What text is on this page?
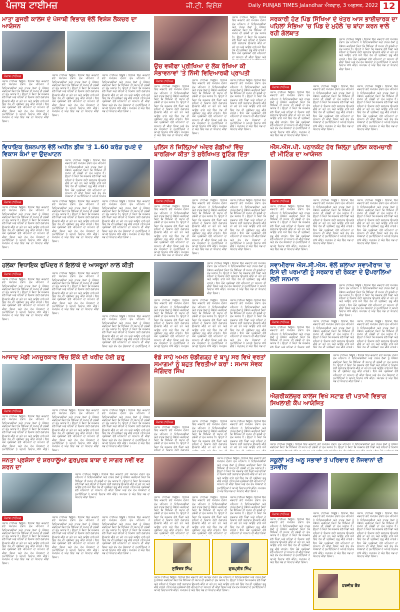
ਪੰਜਾਬ ਟਾਈਮਜ਼	ਜੀ.ਟੀ. ਵਿਸ਼ੇਸ਼	Daily PUNJAB TIMES Jalandhar ਐਤਵਾਰ, 3 ਅਗਸਤ, 2022 12
ਮਾਤਾ ਗੁਜਰੀ ਕਾਲਜ ਦੇ ਪੰਜਾਬੀ ਵਿਭਾਗ ਵੱਲੋਂ ਵਿਸ਼ੇਸ਼ ਲੈਕਚਰ ਦਾ ਆਯੋਜਨ
ਪੰਜਾਬ ਟਾਈਮਜ਼
ਪੰਜਾਬ ਟਾਈਮਜ਼ ਬਿਊਰੋ। ਇਲਾਕੇ ਵਿੱਚ ਕਰਵਾਏ ਗਏ ਸਮਾਗਮ ਦੌਰਾਨ ਮੁੱਖ ਮਹਿਮਾਨ ਨੇ ਵਿਦਿਆਰਥੀਆਂ ਅਤੇ ਹਾਜ਼ਰ ਲੋਕਾਂ ਨੂੰ ਸੰਬੋਧਨ ਕਰਦਿਆਂ ਕਿਹਾ ਕਿ ਸਿੱਖਿਆ ਹੀ ਸਮਾਜ ਦੀ ਤਰੱਕੀ ਦਾ ਮੁੱਖ ਅਧਾਰ ਹੈ। ਉਨ੍ਹਾਂ ਨੇ ਕਿਹਾ ਕਿ ਸਰਕਾਰ ਵੱਲੋਂ ਪਿੰਡਾਂ ਅਤੇ ਸ਼ਹਿਰਾਂ ਦੇ ਵਿਕਾਸ ਲਈ ਲਗਾਤਾਰ ਉਪਰਾਲੇ ਕੀਤੇ ਜਾ ਰਹੇ ਹਨ ਅਤੇ ਆਉਣ ਵਾਲੇ ਸਮੇਂ ਵਿੱਚ ਹੋਰ ਵੀ ਪ੍ਰੋਜੈਕਟ ਸ਼ੁਰੂ ਕੀਤੇ ਜਾਣਗੇ। ਇਸ ਮੌਕੇ ਪ੍ਰਬੰਧਕਾਂ ਵੱਲੋਂ ਮਹਿਮਾਨਾਂ ਦਾ ਸਨਮਾਨ ਵੀ ਕੀਤਾ ਗਿਆ ਅਤੇ ਵੱਖ ਵੱਖ ਸੰਸਥਾਵਾਂ ਦੇ ਨੁਮਾਇੰਦਿਆਂ ਨੇ ਆਪਣੇ ਵਿਚਾਰ ਸਾਂਝੇ ਕੀਤੇ। ਸਮਾਗਮ ਦੇ ਅੰਤ ਵਿੱਚ ਸਭ ਦਾ ਧੰਨਵਾਦ ਕੀਤਾ ਗਿਆ।
ਪੰਜਾਬ ਟਾਈਮਜ਼ ਬਿਊਰੋ। ਇਲਾਕੇ ਵਿੱਚ ਕਰਵਾਏ ਗਏ ਸਮਾਗਮ ਦੌਰਾਨ ਮੁੱਖ ਮਹਿਮਾਨ ਨੇ ਵਿਦਿਆਰਥੀਆਂ ਅਤੇ ਹਾਜ਼ਰ ਲੋਕਾਂ ਨੂੰ ਸੰਬੋਧਨ ਕਰਦਿਆਂ ਕਿਹਾ ਕਿ ਸਿੱਖਿਆ ਹੀ ਸਮਾਜ ਦੀ ਤਰੱਕੀ ਦਾ ਮੁੱਖ ਅਧਾਰ ਹੈ। ਉਨ੍ਹਾਂ ਨੇ ਕਿਹਾ ਕਿ ਸਰਕਾਰ ਵੱਲੋਂ ਪਿੰਡਾਂ ਅਤੇ ਸ਼ਹਿਰਾਂ ਦੇ ਵਿਕਾਸ ਲਈ ਲਗਾਤਾਰ ਉਪਰਾਲੇ ਕੀਤੇ ਜਾ ਰਹੇ ਹਨ ਅਤੇ ਆਉਣ ਵਾਲੇ ਸਮੇਂ ਵਿੱਚ ਹੋਰ ਵੀ ਪ੍ਰੋਜੈਕਟ ਸ਼ੁਰੂ ਕੀਤੇ ਜਾਣਗੇ। ਇਸ ਮੌਕੇ ਪ੍ਰਬੰਧਕਾਂ ਵੱਲੋਂ ਮਹਿਮਾਨਾਂ ਦਾ ਸਨਮਾਨ ਵੀ ਕੀਤਾ ਗਿਆ ਅਤੇ ਵੱਖ ਵੱਖ ਸੰਸਥਾਵਾਂ ਦੇ ਨੁਮਾਇੰਦਿਆਂ ਨੇ ਆਪਣੇ ਵਿਚਾਰ ਸਾਂਝੇ ਕੀਤੇ। ਸਮਾਗਮ ਦੇ ਅੰਤ ਵਿੱਚ ਸਭ ਦਾ ਧੰਨਵਾਦ ਕੀਤਾ ਗਿਆ।
ਪੰਜਾਬ ਟਾਈਮਜ਼ ਬਿਊਰੋ। ਇਲਾਕੇ ਵਿੱਚ ਕਰਵਾਏ ਗਏ ਸਮਾਗਮ ਦੌਰਾਨ ਮੁੱਖ ਮਹਿਮਾਨ ਨੇ ਵਿਦਿਆਰਥੀਆਂ ਅਤੇ ਹਾਜ਼ਰ ਲੋਕਾਂ ਨੂੰ ਸੰਬੋਧਨ ਕਰਦਿਆਂ ਕਿਹਾ ਕਿ ਸਿੱਖਿਆ ਹੀ ਸਮਾਜ ਦੀ ਤਰੱਕੀ ਦਾ ਮੁੱਖ ਅਧਾਰ ਹੈ। ਉਨ੍ਹਾਂ ਨੇ ਕਿਹਾ ਕਿ ਸਰਕਾਰ ਵੱਲੋਂ ਪਿੰਡਾਂ ਅਤੇ ਸ਼ਹਿਰਾਂ ਦੇ ਵਿਕਾਸ ਲਈ ਲਗਾਤਾਰ ਉਪਰਾਲੇ ਕੀਤੇ ਜਾ ਰਹੇ ਹਨ ਅਤੇ ਆਉਣ ਵਾਲੇ ਸਮੇਂ ਵਿੱਚ ਹੋਰ ਵੀ ਪ੍ਰੋਜੈਕਟ ਸ਼ੁਰੂ ਕੀਤੇ ਜਾਣਗੇ। ਇਸ ਮੌਕੇ ਪ੍ਰਬੰਧਕਾਂ ਵੱਲੋਂ ਮਹਿਮਾਨਾਂ ਦਾ ਸਨਮਾਨ ਵੀ ਕੀਤਾ ਗਿਆ ਅਤੇ ਵੱਖ ਵੱਖ ਸੰਸਥਾਵਾਂ ਦੇ ਨੁਮਾਇੰਦਿਆਂ ਨੇ ਆਪਣੇ ਵਿਚਾਰ ਸਾਂਝੇ ਕੀਤੇ। ਸਮਾਗਮ ਦੇ ਅੰਤ ਵਿੱਚ ਸਭ ਦਾ ਧੰਨਵਾਦ ਕੀਤਾ ਗਿਆ।
ਪੰਜਾਬ ਟਾਈਮਜ਼ ਬਿਊਰੋ। ਇਲਾਕੇ ਵਿੱਚ ਕਰਵਾਏ ਗਏ ਸਮਾਗਮ ਦੌਰਾਨ ਮੁੱਖ ਮਹਿਮਾਨ ਨੇ ਵਿਦਿਆਰਥੀਆਂ ਅਤੇ ਹਾਜ਼ਰ ਲੋਕਾਂ ਨੂੰ ਸੰਬੋਧਨ ਕਰਦਿਆਂ ਕਿਹਾ ਕਿ ਸਿੱਖਿਆ ਹੀ ਸਮਾਜ ਦੀ ਤਰੱਕੀ ਦਾ ਮੁੱਖ ਅਧਾਰ ਹੈ। ਉਨ੍ਹਾਂ ਨੇ ਕਿਹਾ ਕਿ ਸਰਕਾਰ ਵੱਲੋਂ ਪਿੰਡਾਂ ਅਤੇ ਸ਼ਹਿਰਾਂ ਦੇ ਵਿਕਾਸ ਲਈ ਲਗਾਤਾਰ ਉਪਰਾਲੇ ਕੀਤੇ ਜਾ ਰਹੇ ਹਨ ਅਤੇ ਆਉਣ ਵਾਲੇ ਸਮੇਂ ਵਿੱਚ ਹੋਰ ਵੀ ਪ੍ਰੋਜੈਕਟ ਸ਼ੁਰੂ ਕੀਤੇ ਜਾਣਗੇ। ਇਸ ਮੌਕੇ ਪ੍ਰਬੰਧਕਾਂ ਵੱਲੋਂ ਮਹਿਮਾਨਾਂ ਦਾ ਸਨਮਾਨ ਵੀ ਕੀਤਾ ਗਿਆ ਅਤੇ
ਉਚ ਵਜ਼ੀਫਾ ਪ੍ਰੀਖਿਆ ਦੇ ਲੋਕ ਰੱਖਿਆ ਕੀ ਸੰਭਾਵਨਾਵਾਂ 'ਤੇ ਨਿੱਜੀ ਵਿਦਿਆਰਥੀ ਪ੍ਰਾਪਤੀ
ਪੰਜਾਬ ਟਾਈਮਜ਼
ਪੰਜਾਬ ਟਾਈਮਜ਼ ਬਿਊਰੋ। ਇਲਾਕੇ ਵਿੱਚ ਕਰਵਾਏ ਗਏ ਸਮਾਗਮ ਦੌਰਾਨ ਮੁੱਖ ਮਹਿਮਾਨ ਨੇ ਵਿਦਿਆਰਥੀਆਂ ਅਤੇ ਹਾਜ਼ਰ ਲੋਕਾਂ ਨੂੰ ਸੰਬੋਧਨ ਕਰਦਿਆਂ ਕਿਹਾ ਕਿ ਸਿੱਖਿਆ ਹੀ ਸਮਾਜ ਦੀ ਤਰੱਕੀ ਦਾ ਮੁੱਖ ਅਧਾਰ ਹੈ। ਉਨ੍ਹਾਂ ਨੇ ਕਿਹਾ ਕਿ ਸਰਕਾਰ ਵੱਲੋਂ ਪਿੰਡਾਂ ਅਤੇ ਸ਼ਹਿਰਾਂ ਦੇ ਵਿਕਾਸ ਲਈ ਲਗਾਤਾਰ ਉਪਰਾਲੇ ਕੀਤੇ ਜਾ ਰਹੇ ਹਨ ਅਤੇ ਆਉਣ ਵਾਲੇ ਸਮੇਂ ਵਿੱਚ ਹੋਰ ਵੀ ਪ੍ਰੋਜੈਕਟ ਸ਼ੁਰੂ ਕੀਤੇ ਜਾਣਗੇ। ਇਸ ਮੌਕੇ ਪ੍ਰਬੰਧਕਾਂ ਵੱਲੋਂ ਮਹਿਮਾਨਾਂ ਦਾ ਸਨਮਾਨ ਵੀ ਕੀਤਾ ਗਿਆ ਅਤੇ ਵੱਖ ਵੱਖ ਸੰਸਥਾਵਾਂ ਦੇ ਨੁਮਾਇੰਦਿਆਂ ਨੇ ਆਪਣੇ ਵਿਚਾਰ ਸਾਂਝੇ ਕੀਤੇ। ਸਮਾਗਮ ਦੇ ਅੰਤ ਵਿੱਚ ਸਭ ਦਾ ਧੰਨਵਾਦ ਕੀਤਾ
ਪੰਜਾਬ ਟਾਈਮਜ਼ ਬਿਊਰੋ। ਇਲਾਕੇ ਵਿੱਚ ਕਰਵਾਏ ਗਏ ਸਮਾਗਮ ਦੌਰਾਨ ਮੁੱਖ ਮਹਿਮਾਨ ਨੇ ਵਿਦਿਆਰਥੀਆਂ ਅਤੇ ਹਾਜ਼ਰ ਲੋਕਾਂ ਨੂੰ ਸੰਬੋਧਨ ਕਰਦਿਆਂ ਕਿਹਾ ਕਿ ਸਿੱਖਿਆ ਹੀ ਸਮਾਜ ਦੀ ਤਰੱਕੀ ਦਾ ਮੁੱਖ ਅਧਾਰ ਹੈ। ਉਨ੍ਹਾਂ ਨੇ ਕਿਹਾ ਕਿ ਸਰਕਾਰ ਵੱਲੋਂ ਪਿੰਡਾਂ ਅਤੇ ਸ਼ਹਿਰਾਂ ਦੇ ਵਿਕਾਸ ਲਈ ਲਗਾਤਾਰ ਉਪਰਾਲੇ ਕੀਤੇ ਜਾ ਰਹੇ ਹਨ ਅਤੇ ਆਉਣ ਵਾਲੇ ਸਮੇਂ ਵਿੱਚ ਹੋਰ ਵੀ ਪ੍ਰੋਜੈਕਟ ਸ਼ੁਰੂ ਕੀਤੇ ਜਾਣਗੇ। ਇਸ ਮੌਕੇ ਪ੍ਰਬੰਧਕਾਂ ਵੱਲੋਂ ਮਹਿਮਾਨਾਂ ਦਾ ਸਨਮਾਨ ਵੀ ਕੀਤਾ ਗਿਆ ਅਤੇ ਵੱਖ ਵੱਖ ਸੰਸਥਾਵਾਂ ਦੇ ਨੁਮਾਇੰਦਿਆਂ ਨੇ ਆਪਣੇ ਵਿਚਾਰ ਸਾਂਝੇ ਕੀਤੇ। ਸਮਾਗਮ ਦੇ ਅੰਤ ਵਿੱਚ ਸਭ ਦਾ ਧੰਨਵਾਦ ਕੀਤਾ ਗਿਆ।
ਪੰਜਾਬ ਟਾਈਮਜ਼ ਬਿਊਰੋ। ਇਲਾਕੇ ਵਿੱਚ ਕਰਵਾਏ ਗਏ ਸਮਾਗਮ ਦੌਰਾਨ ਮੁੱਖ ਮਹਿਮਾਨ ਨੇ ਵਿਦਿਆਰਥੀਆਂ ਅਤੇ ਹਾਜ਼ਰ ਲੋਕਾਂ ਨੂੰ ਸੰਬੋਧਨ ਕਰਦਿਆਂ ਕਿਹਾ ਕਿ ਸਿੱਖਿਆ ਹੀ ਸਮਾਜ ਦੀ ਤਰੱਕੀ ਦਾ ਮੁੱਖ ਅਧਾਰ ਹੈ। ਉਨ੍ਹਾਂ ਨੇ ਕਿਹਾ ਕਿ ਸਰਕਾਰ ਵੱਲੋਂ ਪਿੰਡਾਂ ਅਤੇ ਸ਼ਹਿਰਾਂ ਦੇ ਵਿਕਾਸ ਲਈ ਲਗਾਤਾਰ ਉਪਰਾਲੇ ਕੀਤੇ ਜਾ ਰਹੇ ਹਨ ਅਤੇ ਆਉਣ ਵਾਲੇ ਸਮੇਂ ਵਿੱਚ ਹੋਰ ਵੀ ਪ੍ਰੋਜੈਕਟ ਸ਼ੁਰੂ ਕੀਤੇ ਜਾਣਗੇ। ਇਸ ਮੌਕੇ ਪ੍ਰਬੰਧਕਾਂ ਵੱਲੋਂ ਮਹਿਮਾਨਾਂ ਦਾ ਸਨਮਾਨ ਵੀ ਕੀਤਾ ਗਿਆ ਅਤੇ ਵੱਖ ਵੱਖ ਸੰਸਥਾਵਾਂ ਦੇ ਨੁਮਾਇੰਦਿਆਂ ਨੇ ਆਪਣੇ ਵਿਚਾਰ ਸਾਂਝੇ ਕੀਤੇ। ਸਮਾਗਮ ਦੇ ਅੰਤ ਵਿੱਚ ਸਭ ਦਾ ਧੰਨਵਾਦ ਕੀਤਾ ਗਿਆ।
ਸਰਕਾਰੀ ਹੋਣ ਪਿੰਡ ਸਿੱਖਿਆ ਦੇ ਖੇਤਰ ਆਸ ਭਾਈਚਾਰਕ ਦਾ ਪਹਿਲਾਂ ਸੰਭਿਆ 'ਚ ਪਿੰਡ ਦੇ ਮੁਹੱਲੇ 'ਚ ਬਾਂਹਾ ਕਰਨ ਵਾਲੇ ਰਹੀ ਗੱਲਬਾਤ
ਪੰਜਾਬ ਟਾਈਮਜ਼ ਬਿਊਰੋ। ਇਲਾਕੇ ਵਿੱਚ ਕਰਵਾਏ ਗਏ ਸਮਾਗਮ ਦੌਰਾਨ ਮੁੱਖ ਮਹਿਮਾਨ ਨੇ ਵਿਦਿਆਰਥੀਆਂ ਅਤੇ ਹਾਜ਼ਰ ਲੋਕਾਂ ਨੂੰ ਸੰਬੋਧਨ ਕਰਦਿਆਂ ਕਿਹਾ ਕਿ ਸਿੱਖਿਆ ਹੀ ਸਮਾਜ ਦੀ ਤਰੱਕੀ ਦਾ ਮੁੱਖ ਅਧਾਰ ਹੈ। ਉਨ੍ਹਾਂ ਨੇ ਕਿਹਾ ਕਿ ਸਰਕਾਰ ਵੱਲੋਂ ਪਿੰਡਾਂ ਅਤੇ ਸ਼ਹਿਰਾਂ ਦੇ ਵਿਕਾਸ ਲਈ ਲਗਾਤਾਰ ਉਪਰਾਲੇ ਕੀਤੇ ਜਾ ਰਹੇ ਹਨ ਅਤੇ ਆਉਣ ਵਾਲੇ ਸਮੇਂ ਵਿੱਚ ਹੋਰ ਵੀ ਪ੍ਰੋਜੈਕਟ ਸ਼ੁਰੂ ਕੀਤੇ ਜਾਣਗੇ। ਇਸ ਮੌਕੇ ਪ੍ਰਬੰਧਕਾਂ ਵੱਲੋਂ ਮਹਿਮਾਨਾਂ ਦਾ ਸਨਮਾਨ ਵੀ ਕੀਤਾ ਗਿਆ ਅਤੇ ਵੱਖ ਵੱਖ ਸੰਸਥਾਵਾਂ ਦੇ ਨੁਮਾਇੰਦਿਆਂ ਨੇ ਆਪਣੇ ਵਿਚਾਰ ਸਾਂਝੇ ਕੀਤੇ। ਸਮਾਗਮ ਦੇ ਅੰਤ ਵਿੱਚ ਸਭ ਦਾ ਧੰਨਵਾਦ ਕੀਤਾ ਗਿਆ।
ਪੰਜਾਬ ਟਾਈਮਜ਼
ਪੰਜਾਬ ਟਾਈਮਜ਼ ਬਿਊਰੋ। ਇਲਾਕੇ ਵਿੱਚ ਕਰਵਾਏ ਗਏ ਸਮਾਗਮ ਦੌਰਾਨ ਮੁੱਖ ਮਹਿਮਾਨ ਨੇ ਵਿਦਿਆਰਥੀਆਂ ਅਤੇ ਹਾਜ਼ਰ ਲੋਕਾਂ ਨੂੰ ਸੰਬੋਧਨ ਕਰਦਿਆਂ ਕਿਹਾ ਕਿ ਸਿੱਖਿਆ ਹੀ ਸਮਾਜ ਦੀ ਤਰੱਕੀ ਦਾ ਮੁੱਖ ਅਧਾਰ ਹੈ। ਉਨ੍ਹਾਂ ਨੇ ਕਿਹਾ ਕਿ ਸਰਕਾਰ ਵੱਲੋਂ ਪਿੰਡਾਂ ਅਤੇ ਸ਼ਹਿਰਾਂ ਦੇ ਵਿਕਾਸ ਲਈ ਲਗਾਤਾਰ ਉਪਰਾਲੇ ਕੀਤੇ ਜਾ ਰਹੇ ਹਨ ਅਤੇ ਆਉਣ ਵਾਲੇ ਸਮੇਂ ਵਿੱਚ ਹੋਰ ਵੀ ਪ੍ਰੋਜੈਕਟ ਸ਼ੁਰੂ ਕੀਤੇ ਜਾਣਗੇ। ਇਸ ਮੌਕੇ ਪ੍ਰਬੰਧਕਾਂ ਵੱਲੋਂ ਮਹਿਮਾਨਾਂ ਦਾ ਸਨਮਾਨ ਵੀ ਕੀਤਾ ਗਿਆ ਅਤੇ ਵੱਖ ਵੱਖ ਸੰਸਥਾਵਾਂ ਦੇ ਨੁਮਾਇੰਦਿਆਂ ਨੇ ਆਪਣੇ ਵਿਚਾਰ ਸਾਂਝੇ ਕੀਤੇ। ਸਮਾਗਮ ਦੇ ਅੰਤ ਵਿੱਚ ਸਭ ਦਾ ਧੰਨਵਾਦ ਕੀਤਾ ਗਿਆ।
ਪੰਜਾਬ ਟਾਈਮਜ਼ ਬਿਊਰੋ। ਇਲਾਕੇ ਵਿੱਚ ਕਰਵਾਏ ਗਏ ਸਮਾਗਮ ਦੌਰਾਨ ਮੁੱਖ ਮਹਿਮਾਨ ਨੇ ਵਿਦਿਆਰਥੀਆਂ ਅਤੇ ਹਾਜ਼ਰ ਲੋਕਾਂ ਨੂੰ ਸੰਬੋਧਨ ਕਰਦਿਆਂ ਕਿਹਾ ਕਿ ਸਿੱਖਿਆ ਹੀ ਸਮਾਜ ਦੀ ਤਰੱਕੀ ਦਾ ਮੁੱਖ ਅਧਾਰ ਹੈ। ਉਨ੍ਹਾਂ ਨੇ ਕਿਹਾ ਕਿ ਸਰਕਾਰ ਵੱਲੋਂ ਪਿੰਡਾਂ ਅਤੇ ਸ਼ਹਿਰਾਂ ਦੇ ਵਿਕਾਸ ਲਈ ਲਗਾਤਾਰ ਉਪਰਾਲੇ ਕੀਤੇ ਜਾ ਰਹੇ ਹਨ ਅਤੇ ਆਉਣ ਵਾਲੇ ਸਮੇਂ ਵਿੱਚ ਹੋਰ ਵੀ ਪ੍ਰੋਜੈਕਟ ਸ਼ੁਰੂ ਕੀਤੇ ਜਾਣਗੇ। ਇਸ ਮੌਕੇ ਪ੍ਰਬੰਧਕਾਂ ਵੱਲੋਂ ਮਹਿਮਾਨਾਂ ਦਾ ਸਨਮਾਨ ਵੀ ਕੀਤਾ ਗਿਆ ਅਤੇ ਵੱਖ ਵੱਖ ਸੰਸਥਾਵਾਂ ਦੇ ਨੁਮਾਇੰਦਿਆਂ ਨੇ ਆਪਣੇ ਵਿਚਾਰ ਸਾਂਝੇ ਕੀਤੇ। ਸਮਾਗਮ ਦੇ ਅੰਤ ਵਿੱਚ ਸਭ ਦਾ ਧੰਨਵਾਦ ਕੀਤਾ ਗਿਆ।
ਪੰਜਾਬ ਟਾਈਮਜ਼ ਬਿਊਰੋ। ਇਲਾਕੇ ਵਿੱਚ ਕਰਵਾਏ ਗਏ ਸਮਾਗਮ ਦੌਰਾਨ ਮੁੱਖ ਮਹਿਮਾਨ ਨੇ ਵਿਦਿਆਰਥੀਆਂ ਅਤੇ ਹਾਜ਼ਰ ਲੋਕਾਂ ਨੂੰ ਸੰਬੋਧਨ ਕਰਦਿਆਂ ਕਿਹਾ ਕਿ ਸਿੱਖਿਆ ਹੀ ਸਮਾਜ ਦੀ ਤਰੱਕੀ ਦਾ ਮੁੱਖ ਅਧਾਰ ਹੈ। ਉਨ੍ਹਾਂ ਨੇ ਕਿਹਾ ਕਿ ਸਰਕਾਰ ਵੱਲੋਂ ਪਿੰਡਾਂ ਅਤੇ ਸ਼ਹਿਰਾਂ ਦੇ ਵਿਕਾਸ ਲਈ ਲਗਾਤਾਰ ਉਪਰਾਲੇ ਕੀਤੇ ਜਾ ਰਹੇ ਹਨ ਅਤੇ ਆਉਣ ਵਾਲੇ ਸਮੇਂ ਵਿੱਚ ਹੋਰ ਵੀ ਪ੍ਰੋਜੈਕਟ ਸ਼ੁਰੂ ਕੀਤੇ ਜਾਣਗੇ। ਇਸ ਮੌਕੇ ਪ੍ਰਬੰਧਕਾਂ ਵੱਲੋਂ ਮਹਿਮਾਨਾਂ ਦਾ ਸਨਮਾਨ ਵੀ ਕੀਤਾ ਗਿਆ ਅਤੇ ਵੱਖ ਵੱਖ ਸੰਸਥਾਵਾਂ ਦੇ ਨੁਮਾਇੰਦਿਆਂ ਨੇ ਆਪਣੇ ਵਿਚਾਰ ਸਾਂਝੇ ਕੀਤੇ। ਸਮਾਗਮ ਦੇ ਅੰਤ ਵਿੱਚ ਸਭ ਦਾ ਧੰਨਵਾਦ ਕੀਤਾ ਗਿਆ।
ਵਿਧਾਇਕ ਰੋਸ਼ਨਪਾਲ ਵੱਲੋਂ ਅਧੀਨ ਡੀਜ਼ 'ਤੇ 1.60 ਕਰੋੜ ਰੁਪਏ ਦੇ ਵਿਕਾਸ ਕੰਮਾਂ ਦਾ ਉਦਘਾਟਨ
ਪੰਜਾਬ ਟਾਈਮਜ਼ ਬਿਊਰੋ। ਇਲਾਕੇ ਵਿੱਚ ਕਰਵਾਏ ਗਏ ਸਮਾਗਮ ਦੌਰਾਨ ਮੁੱਖ ਮਹਿਮਾਨ ਨੇ ਵਿਦਿਆਰਥੀਆਂ ਅਤੇ ਹਾਜ਼ਰ ਲੋਕਾਂ ਨੂੰ ਸੰਬੋਧਨ ਕਰਦਿਆਂ ਕਿਹਾ ਕਿ ਸਿੱਖਿਆ ਹੀ ਸਮਾਜ ਦੀ ਤਰੱਕੀ ਦਾ ਮੁੱਖ ਅਧਾਰ ਹੈ। ਉਨ੍ਹਾਂ ਨੇ ਕਿਹਾ ਕਿ ਸਰਕਾਰ ਵੱਲੋਂ ਪਿੰਡਾਂ ਅਤੇ ਸ਼ਹਿਰਾਂ ਦੇ ਵਿਕਾਸ ਲਈ ਲਗਾਤਾਰ ਉਪਰਾਲੇ ਕੀਤੇ ਜਾ ਰਹੇ ਹਨ ਅਤੇ ਆਉਣ ਵਾਲੇ ਸਮੇਂ ਵਿੱਚ ਹੋਰ ਵੀ ਪ੍ਰੋਜੈਕਟ ਸ਼ੁਰੂ ਕੀਤੇ ਜਾਣਗੇ। ਇਸ ਮੌਕੇ ਪ੍ਰਬੰਧਕਾਂ ਵੱਲੋਂ ਮਹਿਮਾਨਾਂ ਦਾ ਸਨਮਾਨ ਵੀ ਕੀਤਾ ਗਿਆ ਅਤੇ ਵੱਖ ਵੱਖ ਸੰਸਥਾਵਾਂ ਦੇ ਨੁਮਾਇੰਦਿਆਂ ਨੇ ਆਪਣੇ ਵਿਚਾਰ
ਪੰਜਾਬ ਟਾਈਮਜ਼
ਪੰਜਾਬ ਟਾਈਮਜ਼ ਬਿਊਰੋ। ਇਲਾਕੇ ਵਿੱਚ ਕਰਵਾਏ ਗਏ ਸਮਾਗਮ ਦੌਰਾਨ ਮੁੱਖ ਮਹਿਮਾਨ ਨੇ ਵਿਦਿਆਰਥੀਆਂ ਅਤੇ ਹਾਜ਼ਰ ਲੋਕਾਂ ਨੂੰ ਸੰਬੋਧਨ ਕਰਦਿਆਂ ਕਿਹਾ ਕਿ ਸਿੱਖਿਆ ਹੀ ਸਮਾਜ ਦੀ ਤਰੱਕੀ ਦਾ ਮੁੱਖ ਅਧਾਰ ਹੈ। ਉਨ੍ਹਾਂ ਨੇ ਕਿਹਾ ਕਿ ਸਰਕਾਰ ਵੱਲੋਂ ਪਿੰਡਾਂ ਅਤੇ ਸ਼ਹਿਰਾਂ ਦੇ ਵਿਕਾਸ ਲਈ ਲਗਾਤਾਰ ਉਪਰਾਲੇ ਕੀਤੇ ਜਾ ਰਹੇ ਹਨ ਅਤੇ ਆਉਣ ਵਾਲੇ ਸਮੇਂ ਵਿੱਚ ਹੋਰ ਵੀ ਪ੍ਰੋਜੈਕਟ ਸ਼ੁਰੂ ਕੀਤੇ ਜਾਣਗੇ। ਇਸ ਮੌਕੇ ਪ੍ਰਬੰਧਕਾਂ ਵੱਲੋਂ ਮਹਿਮਾਨਾਂ ਦਾ ਸਨਮਾਨ ਵੀ ਕੀਤਾ ਗਿਆ ਅਤੇ ਵੱਖ ਵੱਖ ਸੰਸਥਾਵਾਂ ਦੇ ਨੁਮਾਇੰਦਿਆਂ ਨੇ ਆਪਣੇ ਵਿਚਾਰ ਸਾਂਝੇ ਕੀਤੇ। ਸਮਾਗਮ ਦੇ ਅੰਤ ਵਿੱਚ ਸਭ ਦਾ ਧੰਨਵਾਦ ਕੀਤਾ ਗਿਆ।
ਪੰਜਾਬ ਟਾਈਮਜ਼ ਬਿਊਰੋ। ਇਲਾਕੇ ਵਿੱਚ ਕਰਵਾਏ ਗਏ ਸਮਾਗਮ ਦੌਰਾਨ ਮੁੱਖ ਮਹਿਮਾਨ ਨੇ ਵਿਦਿਆਰਥੀਆਂ ਅਤੇ ਹਾਜ਼ਰ ਲੋਕਾਂ ਨੂੰ ਸੰਬੋਧਨ ਕਰਦਿਆਂ ਕਿਹਾ ਕਿ ਸਿੱਖਿਆ ਹੀ ਸਮਾਜ ਦੀ ਤਰੱਕੀ ਦਾ ਮੁੱਖ ਅਧਾਰ ਹੈ। ਉਨ੍ਹਾਂ ਨੇ ਕਿਹਾ ਕਿ ਸਰਕਾਰ ਵੱਲੋਂ ਪਿੰਡਾਂ ਅਤੇ ਸ਼ਹਿਰਾਂ ਦੇ ਵਿਕਾਸ ਲਈ ਲਗਾਤਾਰ ਉਪਰਾਲੇ ਕੀਤੇ ਜਾ ਰਹੇ ਹਨ ਅਤੇ ਆਉਣ ਵਾਲੇ ਸਮੇਂ ਵਿੱਚ ਹੋਰ ਵੀ ਪ੍ਰੋਜੈਕਟ ਸ਼ੁਰੂ ਕੀਤੇ ਜਾਣਗੇ। ਇਸ ਮੌਕੇ ਪ੍ਰਬੰਧਕਾਂ ਵੱਲੋਂ ਮਹਿਮਾਨਾਂ ਦਾ ਸਨਮਾਨ ਵੀ ਕੀਤਾ ਗਿਆ ਅਤੇ ਵੱਖ ਵੱਖ ਸੰਸਥਾਵਾਂ ਦੇ ਨੁਮਾਇੰਦਿਆਂ ਨੇ ਆਪਣੇ ਵਿਚਾਰ ਸਾਂਝੇ ਕੀਤੇ। ਸਮਾਗਮ ਦੇ ਅੰਤ ਵਿੱਚ ਸਭ ਦਾ ਧੰਨਵਾਦ ਕੀਤਾ ਗਿਆ।
ਪੰਜਾਬ ਟਾਈਮਜ਼ ਬਿਊਰੋ। ਇਲਾਕੇ ਵਿੱਚ ਕਰਵਾਏ ਗਏ ਸਮਾਗਮ ਦੌਰਾਨ ਮੁੱਖ ਮਹਿਮਾਨ ਨੇ ਵਿਦਿਆਰਥੀਆਂ ਅਤੇ ਹਾਜ਼ਰ ਲੋਕਾਂ ਨੂੰ ਸੰਬੋਧਨ ਕਰਦਿਆਂ ਕਿਹਾ ਕਿ ਸਿੱਖਿਆ ਹੀ ਸਮਾਜ ਦੀ ਤਰੱਕੀ ਦਾ ਮੁੱਖ ਅਧਾਰ ਹੈ। ਉਨ੍ਹਾਂ ਨੇ ਕਿਹਾ ਕਿ ਸਰਕਾਰ ਵੱਲੋਂ ਪਿੰਡਾਂ ਅਤੇ ਸ਼ਹਿਰਾਂ ਦੇ ਵਿਕਾਸ ਲਈ ਲਗਾਤਾਰ ਉਪਰਾਲੇ ਕੀਤੇ ਜਾ ਰਹੇ ਹਨ ਅਤੇ ਆਉਣ ਵਾਲੇ ਸਮੇਂ ਵਿੱਚ ਹੋਰ ਵੀ ਪ੍ਰੋਜੈਕਟ ਸ਼ੁਰੂ ਕੀਤੇ ਜਾਣਗੇ। ਇਸ ਮੌਕੇ ਪ੍ਰਬੰਧਕਾਂ ਵੱਲੋਂ ਮਹਿਮਾਨਾਂ ਦਾ ਸਨਮਾਨ ਵੀ ਕੀਤਾ ਗਿਆ ਅਤੇ ਵੱਖ ਵੱਖ ਸੰਸਥਾਵਾਂ ਦੇ ਨੁਮਾਇੰਦਿਆਂ ਨੇ ਆਪਣੇ ਵਿਚਾਰ ਸਾਂਝੇ ਕੀਤੇ। ਸਮਾਗਮ ਦੇ ਅੰਤ ਵਿੱਚ ਸਭ ਦਾ ਧੰਨਵਾਦ ਕੀਤਾ ਗਿਆ।
ਪੁਲਿਸ ਨੇ ਜ਼ਿਲ੍ਹਿਆਂ ਅੰਦਰ ਗੱਡੀਆਂ ਵਿੱਚ ਬਾਰਗਿਆ ਕੀਤਾ ਤੇ ਸੁਰੱਖਿਅਤ ਰੂਟਿੰਗ ਦਿੱਤਾ
ਪੰਜਾਬ ਟਾਈਮਜ਼
ਪੰਜਾਬ ਟਾਈਮਜ਼ ਬਿਊਰੋ। ਇਲਾਕੇ ਵਿੱਚ ਕਰਵਾਏ ਗਏ ਸਮਾਗਮ ਦੌਰਾਨ ਮੁੱਖ ਮਹਿਮਾਨ ਨੇ ਵਿਦਿਆਰਥੀਆਂ ਅਤੇ ਹਾਜ਼ਰ ਲੋਕਾਂ ਨੂੰ ਸੰਬੋਧਨ ਕਰਦਿਆਂ ਕਿਹਾ ਕਿ ਸਿੱਖਿਆ ਹੀ ਸਮਾਜ ਦੀ ਤਰੱਕੀ ਦਾ ਮੁੱਖ ਅਧਾਰ ਹੈ। ਉਨ੍ਹਾਂ ਨੇ ਕਿਹਾ ਕਿ ਸਰਕਾਰ ਵੱਲੋਂ ਪਿੰਡਾਂ ਅਤੇ ਸ਼ਹਿਰਾਂ ਦੇ ਵਿਕਾਸ ਲਈ ਲਗਾਤਾਰ ਉਪਰਾਲੇ ਕੀਤੇ ਜਾ ਰਹੇ ਹਨ ਅਤੇ ਆਉਣ ਵਾਲੇ ਸਮੇਂ ਵਿੱਚ ਹੋਰ ਵੀ ਪ੍ਰੋਜੈਕਟ ਸ਼ੁਰੂ ਕੀਤੇ ਜਾਣਗੇ। ਇਸ ਮੌਕੇ ਪ੍ਰਬੰਧਕਾਂ ਵੱਲੋਂ ਮਹਿਮਾਨਾਂ ਦਾ ਸਨਮਾਨ ਵੀ ਕੀਤਾ ਗਿਆ ਅਤੇ ਵੱਖ ਵੱਖ ਸੰਸਥਾਵਾਂ ਦੇ ਨੁਮਾਇੰਦਿਆਂ ਨੇ ਆਪਣੇ ਵਿਚਾਰ ਸਾਂਝੇ ਕੀਤੇ। ਸਮਾਗਮ ਦੇ ਅੰਤ ਵਿੱਚ ਸਭ ਦਾ ਧੰਨਵਾਦ ਕੀਤਾ
ਪੰਜਾਬ ਟਾਈਮਜ਼ ਬਿਊਰੋ। ਇਲਾਕੇ ਵਿੱਚ ਕਰਵਾਏ ਗਏ ਸਮਾਗਮ ਦੌਰਾਨ ਮੁੱਖ ਮਹਿਮਾਨ ਨੇ ਵਿਦਿਆਰਥੀਆਂ ਅਤੇ ਹਾਜ਼ਰ ਲੋਕਾਂ ਨੂੰ ਸੰਬੋਧਨ ਕਰਦਿਆਂ ਕਿਹਾ ਕਿ ਸਿੱਖਿਆ ਹੀ ਸਮਾਜ ਦੀ ਤਰੱਕੀ ਦਾ ਮੁੱਖ ਅਧਾਰ ਹੈ। ਉਨ੍ਹਾਂ ਨੇ ਕਿਹਾ ਕਿ ਸਰਕਾਰ ਵੱਲੋਂ ਪਿੰਡਾਂ ਅਤੇ ਸ਼ਹਿਰਾਂ ਦੇ ਵਿਕਾਸ ਲਈ ਲਗਾਤਾਰ ਉਪਰਾਲੇ ਕੀਤੇ ਜਾ ਰਹੇ ਹਨ ਅਤੇ ਆਉਣ ਵਾਲੇ ਸਮੇਂ ਵਿੱਚ ਹੋਰ ਵੀ ਪ੍ਰੋਜੈਕਟ ਸ਼ੁਰੂ ਕੀਤੇ ਜਾਣਗੇ। ਇਸ ਮੌਕੇ ਪ੍ਰਬੰਧਕਾਂ ਵੱਲੋਂ ਮਹਿਮਾਨਾਂ ਦਾ ਸਨਮਾਨ ਵੀ ਕੀਤਾ ਗਿਆ ਅਤੇ ਵੱਖ ਵੱਖ ਸੰਸਥਾਵਾਂ ਦੇ ਨੁਮਾਇੰਦਿਆਂ ਨੇ ਆਪਣੇ ਵਿਚਾਰ ਸਾਂਝੇ ਕੀਤੇ। ਸਮਾਗਮ ਦੇ ਅੰਤ ਵਿੱਚ ਸਭ ਦਾ ਧੰਨਵਾਦ ਕੀਤਾ ਗਿਆ।
ਪੰਜਾਬ ਟਾਈਮਜ਼ ਬਿਊਰੋ। ਇਲਾਕੇ ਵਿੱਚ ਕਰਵਾਏ ਗਏ ਸਮਾਗਮ ਦੌਰਾਨ ਮੁੱਖ ਮਹਿਮਾਨ ਨੇ ਵਿਦਿਆਰਥੀਆਂ ਅਤੇ ਹਾਜ਼ਰ ਲੋਕਾਂ ਨੂੰ ਸੰਬੋਧਨ ਕਰਦਿਆਂ ਕਿਹਾ ਕਿ ਸਿੱਖਿਆ ਹੀ ਸਮਾਜ ਦੀ ਤਰੱਕੀ ਦਾ ਮੁੱਖ ਅਧਾਰ ਹੈ। ਉਨ੍ਹਾਂ ਨੇ ਕਿਹਾ ਕਿ ਸਰਕਾਰ ਵੱਲੋਂ ਪਿੰਡਾਂ ਅਤੇ ਸ਼ਹਿਰਾਂ ਦੇ ਵਿਕਾਸ ਲਈ ਲਗਾਤਾਰ ਉਪਰਾਲੇ ਕੀਤੇ ਜਾ ਰਹੇ ਹਨ ਅਤੇ ਆਉਣ ਵਾਲੇ ਸਮੇਂ ਵਿੱਚ ਹੋਰ ਵੀ ਪ੍ਰੋਜੈਕਟ ਸ਼ੁਰੂ ਕੀਤੇ ਜਾਣਗੇ। ਇਸ ਮੌਕੇ ਪ੍ਰਬੰਧਕਾਂ ਵੱਲੋਂ ਮਹਿਮਾਨਾਂ ਦਾ ਸਨਮਾਨ ਵੀ ਕੀਤਾ ਗਿਆ ਅਤੇ ਵੱਖ ਵੱਖ ਸੰਸਥਾਵਾਂ ਦੇ ਨੁਮਾਇੰਦਿਆਂ ਨੇ ਆਪਣੇ ਵਿਚਾਰ ਸਾਂਝੇ ਕੀਤੇ। ਸਮਾਗਮ ਦੇ ਅੰਤ ਵਿੱਚ ਸਭ ਦਾ ਧੰਨਵਾਦ ਕੀਤਾ ਗਿਆ।
ਐੱਸ.ਐੱਸ.ਪੀ. ਪਠਾਨਕੋਟ ਹੋਰ ਜ਼ਿਲ੍ਹਾ ਪੁਲਿਸ ਕਰਮਚਾਰੀ ਦੀ ਮੀਟਿੰਗ ਦਾ ਆਯੋਜਨ
ਪੰਜਾਬ ਟਾਈਮਜ਼
ਪੰਜਾਬ ਟਾਈਮਜ਼ ਬਿਊਰੋ। ਇਲਾਕੇ ਵਿੱਚ ਕਰਵਾਏ ਗਏ ਸਮਾਗਮ ਦੌਰਾਨ ਮੁੱਖ ਮਹਿਮਾਨ ਨੇ ਵਿਦਿਆਰਥੀਆਂ ਅਤੇ ਹਾਜ਼ਰ ਲੋਕਾਂ ਨੂੰ ਸੰਬੋਧਨ ਕਰਦਿਆਂ ਕਿਹਾ ਕਿ ਸਿੱਖਿਆ ਹੀ ਸਮਾਜ ਦੀ ਤਰੱਕੀ ਦਾ ਮੁੱਖ ਅਧਾਰ ਹੈ। ਉਨ੍ਹਾਂ ਨੇ ਕਿਹਾ ਕਿ ਸਰਕਾਰ ਵੱਲੋਂ ਪਿੰਡਾਂ ਅਤੇ ਸ਼ਹਿਰਾਂ ਦੇ ਵਿਕਾਸ ਲਈ ਲਗਾਤਾਰ ਉਪਰਾਲੇ ਕੀਤੇ ਜਾ ਰਹੇ ਹਨ ਅਤੇ ਆਉਣ ਵਾਲੇ ਸਮੇਂ ਵਿੱਚ ਹੋਰ ਵੀ ਪ੍ਰੋਜੈਕਟ ਸ਼ੁਰੂ ਕੀਤੇ ਜਾਣਗੇ। ਇਸ ਮੌਕੇ ਪ੍ਰਬੰਧਕਾਂ ਵੱਲੋਂ ਮਹਿਮਾਨਾਂ ਦਾ ਸਨਮਾਨ ਵੀ ਕੀਤਾ ਗਿਆ ਅਤੇ ਵੱਖ ਵੱਖ ਸੰਸਥਾਵਾਂ ਦੇ ਨੁਮਾਇੰਦਿਆਂ ਨੇ ਆਪਣੇ ਵਿਚਾਰ ਸਾਂਝੇ ਕੀਤੇ। ਸਮਾਗਮ ਦੇ ਅੰਤ ਵਿੱਚ ਸਭ ਦਾ ਧੰਨਵਾਦ ਕੀਤਾ ਗਿਆ।
ਪੰਜਾਬ ਟਾਈਮਜ਼ ਬਿਊਰੋ। ਇਲਾਕੇ ਵਿੱਚ ਕਰਵਾਏ ਗਏ ਸਮਾਗਮ ਦੌਰਾਨ ਮੁੱਖ ਮਹਿਮਾਨ ਨੇ ਵਿਦਿਆਰਥੀਆਂ ਅਤੇ ਹਾਜ਼ਰ ਲੋਕਾਂ ਨੂੰ ਸੰਬੋਧਨ ਕਰਦਿਆਂ ਕਿਹਾ ਕਿ ਸਿੱਖਿਆ ਹੀ ਸਮਾਜ ਦੀ ਤਰੱਕੀ ਦਾ ਮੁੱਖ ਅਧਾਰ ਹੈ। ਉਨ੍ਹਾਂ ਨੇ ਕਿਹਾ ਕਿ ਸਰਕਾਰ ਵੱਲੋਂ ਪਿੰਡਾਂ ਅਤੇ ਸ਼ਹਿਰਾਂ ਦੇ ਵਿਕਾਸ ਲਈ ਲਗਾਤਾਰ ਉਪਰਾਲੇ ਕੀਤੇ ਜਾ ਰਹੇ ਹਨ ਅਤੇ ਆਉਣ ਵਾਲੇ ਸਮੇਂ ਵਿੱਚ ਹੋਰ ਵੀ ਪ੍ਰੋਜੈਕਟ ਸ਼ੁਰੂ ਕੀਤੇ ਜਾਣਗੇ। ਇਸ ਮੌਕੇ ਪ੍ਰਬੰਧਕਾਂ ਵੱਲੋਂ ਮਹਿਮਾਨਾਂ ਦਾ ਸਨਮਾਨ ਵੀ ਕੀਤਾ ਗਿਆ ਅਤੇ ਵੱਖ ਵੱਖ ਸੰਸਥਾਵਾਂ ਦੇ ਨੁਮਾਇੰਦਿਆਂ ਨੇ ਆਪਣੇ ਵਿਚਾਰ ਸਾਂਝੇ ਕੀਤੇ। ਸਮਾਗਮ ਦੇ ਅੰਤ ਵਿੱਚ ਸਭ ਦਾ ਧੰਨਵਾਦ ਕੀਤਾ ਗਿਆ।
ਪੰਜਾਬ ਟਾਈਮਜ਼ ਬਿਊਰੋ। ਇਲਾਕੇ ਵਿੱਚ ਕਰਵਾਏ ਗਏ ਸਮਾਗਮ ਦੌਰਾਨ ਮੁੱਖ ਮਹਿਮਾਨ ਨੇ ਵਿਦਿਆਰਥੀਆਂ ਅਤੇ ਹਾਜ਼ਰ ਲੋਕਾਂ ਨੂੰ ਸੰਬੋਧਨ ਕਰਦਿਆਂ ਕਿਹਾ ਕਿ ਸਿੱਖਿਆ ਹੀ ਸਮਾਜ ਦੀ ਤਰੱਕੀ ਦਾ ਮੁੱਖ ਅਧਾਰ ਹੈ। ਉਨ੍ਹਾਂ ਨੇ ਕਿਹਾ ਕਿ ਸਰਕਾਰ ਵੱਲੋਂ ਪਿੰਡਾਂ ਅਤੇ ਸ਼ਹਿਰਾਂ ਦੇ ਵਿਕਾਸ ਲਈ ਲਗਾਤਾਰ ਉਪਰਾਲੇ ਕੀਤੇ ਜਾ ਰਹੇ ਹਨ ਅਤੇ ਆਉਣ ਵਾਲੇ ਸਮੇਂ ਵਿੱਚ ਹੋਰ ਵੀ ਪ੍ਰੋਜੈਕਟ ਸ਼ੁਰੂ ਕੀਤੇ ਜਾਣਗੇ। ਇਸ ਮੌਕੇ ਪ੍ਰਬੰਧਕਾਂ ਵੱਲੋਂ ਮਹਿਮਾਨਾਂ ਦਾ ਸਨਮਾਨ ਵੀ ਕੀਤਾ ਗਿਆ ਅਤੇ ਵੱਖ ਵੱਖ ਸੰਸਥਾਵਾਂ ਦੇ ਨੁਮਾਇੰਦਿਆਂ ਨੇ ਆਪਣੇ ਵਿਚਾਰ ਸਾਂਝੇ ਕੀਤੇ। ਸਮਾਗਮ ਦੇ ਅੰਤ ਵਿੱਚ ਸਭ ਦਾ ਧੰਨਵਾਦ ਕੀਤਾ ਗਿਆ।
ਹਲਕਾ ਵਿਧਾਇਕ ਰੁਪਿੰਦਰ ਨੇ ਇਲਾਕੇ ਦੇ ਆਸਰੂਨਾਂ ਨਾਲ ਕੀਤੀ
ਪੰਜਾਬ ਟਾਈਮਜ਼
ਪੰਜਾਬ ਟਾਈਮਜ਼ ਬਿਊਰੋ। ਇਲਾਕੇ ਵਿੱਚ ਕਰਵਾਏ ਗਏ ਸਮਾਗਮ ਦੌਰਾਨ ਮੁੱਖ ਮਹਿਮਾਨ ਨੇ ਵਿਦਿਆਰਥੀਆਂ ਅਤੇ ਹਾਜ਼ਰ ਲੋਕਾਂ ਨੂੰ ਸੰਬੋਧਨ ਕਰਦਿਆਂ ਕਿਹਾ ਕਿ ਸਿੱਖਿਆ ਹੀ ਸਮਾਜ ਦੀ ਤਰੱਕੀ ਦਾ ਮੁੱਖ ਅਧਾਰ ਹੈ। ਉਨ੍ਹਾਂ ਨੇ ਕਿਹਾ ਕਿ ਸਰਕਾਰ ਵੱਲੋਂ ਪਿੰਡਾਂ ਅਤੇ ਸ਼ਹਿਰਾਂ ਦੇ ਵਿਕਾਸ ਲਈ ਲਗਾਤਾਰ ਉਪਰਾਲੇ ਕੀਤੇ ਜਾ ਰਹੇ ਹਨ ਅਤੇ ਆਉਣ ਵਾਲੇ ਸਮੇਂ ਵਿੱਚ ਹੋਰ ਵੀ ਪ੍ਰੋਜੈਕਟ ਸ਼ੁਰੂ ਕੀਤੇ ਜਾਣਗੇ। ਇਸ ਮੌਕੇ ਪ੍ਰਬੰਧਕਾਂ ਵੱਲੋਂ ਮਹਿਮਾਨਾਂ ਦਾ ਸਨਮਾਨ ਵੀ ਕੀਤਾ ਗਿਆ ਅਤੇ ਵੱਖ ਵੱਖ ਸੰਸਥਾਵਾਂ ਦੇ ਨੁਮਾਇੰਦਿਆਂ ਨੇ ਆਪਣੇ ਵਿਚਾਰ ਸਾਂਝੇ ਕੀਤੇ। ਸਮਾਗਮ ਦੇ ਅੰਤ ਵਿੱਚ ਸਭ ਦਾ ਧੰਨਵਾਦ ਕੀਤਾ ਗਿਆ।
ਪੰਜਾਬ ਟਾਈਮਜ਼ ਬਿਊਰੋ। ਇਲਾਕੇ ਵਿੱਚ ਕਰਵਾਏ ਗਏ ਸਮਾਗਮ ਦੌਰਾਨ ਮੁੱਖ ਮਹਿਮਾਨ ਨੇ ਵਿਦਿਆਰਥੀਆਂ ਅਤੇ ਹਾਜ਼ਰ ਲੋਕਾਂ ਨੂੰ ਸੰਬੋਧਨ ਕਰਦਿਆਂ ਕਿਹਾ ਕਿ ਸਿੱਖਿਆ ਹੀ ਸਮਾਜ ਦੀ ਤਰੱਕੀ ਦਾ ਮੁੱਖ ਅਧਾਰ ਹੈ। ਉਨ੍ਹਾਂ ਨੇ ਕਿਹਾ ਕਿ ਸਰਕਾਰ ਵੱਲੋਂ ਪਿੰਡਾਂ ਅਤੇ ਸ਼ਹਿਰਾਂ ਦੇ ਵਿਕਾਸ ਲਈ ਲਗਾਤਾਰ ਉਪਰਾਲੇ ਕੀਤੇ ਜਾ ਰਹੇ ਹਨ ਅਤੇ ਆਉਣ ਵਾਲੇ ਸਮੇਂ ਵਿੱਚ ਹੋਰ ਵੀ ਪ੍ਰੋਜੈਕਟ ਸ਼ੁਰੂ ਕੀਤੇ ਜਾਣਗੇ। ਇਸ ਮੌਕੇ ਪ੍ਰਬੰਧਕਾਂ ਵੱਲੋਂ ਮਹਿਮਾਨਾਂ ਦਾ ਸਨਮਾਨ ਵੀ ਕੀਤਾ ਗਿਆ ਅਤੇ ਵੱਖ ਵੱਖ ਸੰਸਥਾਵਾਂ ਦੇ ਨੁਮਾਇੰਦਿਆਂ ਨੇ ਆਪਣੇ ਵਿਚਾਰ ਸਾਂਝੇ ਕੀਤੇ। ਸਮਾਗਮ ਦੇ ਅੰਤ ਵਿੱਚ ਸਭ ਦਾ ਧੰਨਵਾਦ ਕੀਤਾ ਗਿਆ।
ਪੰਜਾਬ ਟਾਈਮਜ਼ ਬਿਊਰੋ। ਇਲਾਕੇ ਵਿੱਚ ਕਰਵਾਏ ਗਏ ਸਮਾਗਮ ਦੌਰਾਨ ਮੁੱਖ ਮਹਿਮਾਨ ਨੇ ਵਿਦਿਆਰਥੀਆਂ ਅਤੇ ਹਾਜ਼ਰ ਲੋਕਾਂ ਨੂੰ ਸੰਬੋਧਨ ਕਰਦਿਆਂ ਕਿਹਾ ਕਿ ਸਿੱਖਿਆ ਹੀ ਸਮਾਜ ਦੀ ਤਰੱਕੀ ਦਾ ਮੁੱਖ ਅਧਾਰ ਹੈ। ਉਨ੍ਹਾਂ ਨੇ ਕਿਹਾ ਕਿ ਸਰਕਾਰ ਵੱਲੋਂ ਪਿੰਡਾਂ ਅਤੇ ਸ਼ਹਿਰਾਂ ਦੇ ਵਿਕਾਸ ਲਈ ਲਗਾਤਾਰ ਉਪਰਾਲੇ ਕੀਤੇ ਜਾ ਰਹੇ ਹਨ ਅਤੇ ਆਉਣ ਵਾਲੇ ਸਮੇਂ ਵਿੱਚ ਹੋਰ ਵੀ ਪ੍ਰੋਜੈਕਟ ਸ਼ੁਰੂ ਕੀਤੇ ਜਾਣਗੇ। ਇਸ ਮੌਕੇ ਪ੍ਰਬੰਧਕਾਂ ਵੱਲੋਂ ਮਹਿਮਾਨਾਂ ਦਾ ਸਨਮਾਨ ਵੀ ਕੀਤਾ ਗਿਆ ਅਤੇ ਵੱਖ ਵੱਖ ਸੰਸਥਾਵਾਂ ਦੇ ਨੁਮਾਇੰਦਿਆਂ ਨੇ
ਪੰਜਾਬ ਟਾਈਮਜ਼ ਬਿਊਰੋ। ਇਲਾਕੇ ਵਿੱਚ ਕਰਵਾਏ ਗਏ ਸਮਾਗਮ ਦੌਰਾਨ ਮੁੱਖ ਮਹਿਮਾਨ ਨੇ ਵਿਦਿਆਰਥੀਆਂ ਅਤੇ ਹਾਜ਼ਰ ਲੋਕਾਂ ਨੂੰ ਸੰਬੋਧਨ ਕਰਦਿਆਂ ਕਿਹਾ ਕਿ ਸਿੱਖਿਆ ਹੀ ਸਮਾਜ ਦੀ ਤਰੱਕੀ ਦਾ ਮੁੱਖ ਅਧਾਰ ਹੈ। ਉਨ੍ਹਾਂ ਨੇ ਕਿਹਾ ਕਿ ਸਰਕਾਰ ਵੱਲੋਂ ਪਿੰਡਾਂ ਅਤੇ ਸ਼ਹਿਰਾਂ ਦੇ ਵਿਕਾਸ ਲਈ ਲਗਾਤਾਰ ਉਪਰਾਲੇ ਕੀਤੇ ਜਾ ਰਹੇ ਹਨ ਅਤੇ ਆਉਣ ਵਾਲੇ ਸਮੇਂ ਵਿੱਚ ਹੋਰ ਵੀ ਪ੍ਰੋਜੈਕਟ ਸ਼ੁਰੂ ਕੀਤੇ ਜਾਣਗੇ। ਇਸ ਮੌਕੇ ਪ੍ਰਬੰਧਕਾਂ ਵੱਲੋਂ ਮਹਿਮਾਨਾਂ ਦਾ ਸਨਮਾਨ ਵੀ ਕੀਤਾ ਗਿਆ ਅਤੇ ਵੱਖ ਵੱਖ ਸੰਸਥਾਵਾਂ ਦੇ ਨੁਮਾਇੰਦਿਆਂ ਨੇ ਆਪਣੇ ਵਿਚਾਰ ਸਾਂਝੇ ਕੀਤੇ। ਸਮਾਗਮ ਦੇ ਅੰਤ ਵਿੱਚ ਸਭ ਦਾ ਧੰਨਵਾਦ ਕੀਤਾ ਗਿਆ।
ਪੰਜਾਬ ਟਾਈਮਜ਼ ਬਿਊਰੋ। ਇਲਾਕੇ ਵਿੱਚ ਕਰਵਾਏ ਗਏ ਸਮਾਗਮ ਦੌਰਾਨ ਮੁੱਖ ਮਹਿਮਾਨ ਨੇ ਵਿਦਿਆਰਥੀਆਂ ਅਤੇ ਹਾਜ਼ਰ ਲੋਕਾਂ ਨੂੰ ਸੰਬੋਧਨ ਕਰਦਿਆਂ ਕਿਹਾ ਕਿ ਸਿੱਖਿਆ ਹੀ ਸਮਾਜ ਦੀ ਤਰੱਕੀ ਦਾ ਮੁੱਖ ਅਧਾਰ ਹੈ। ਉਨ੍ਹਾਂ ਨੇ ਕਿਹਾ ਕਿ ਸਰਕਾਰ ਵੱਲੋਂ ਪਿੰਡਾਂ ਅਤੇ ਸ਼ਹਿਰਾਂ ਦੇ ਵਿਕਾਸ ਲਈ ਲਗਾਤਾਰ ਉਪਰਾਲੇ ਕੀਤੇ ਜਾ ਰਹੇ ਹਨ ਅਤੇ ਆਉਣ ਵਾਲੇ ਸਮੇਂ ਵਿੱਚ ਹੋਰ ਵੀ ਪ੍ਰੋਜੈਕਟ ਸ਼ੁਰੂ ਕੀਤੇ ਜਾਣਗੇ। ਇਸ ਮੌਕੇ ਪ੍ਰਬੰਧਕਾਂ ਵੱਲੋਂ ਮਹਿਮਾਨਾਂ ਦਾ ਸਨਮਾਨ ਵੀ ਕੀਤਾ ਗਿਆ ਅਤੇ ਵੱਖ ਵੱਖ ਸੰਸਥਾਵਾਂ ਦੇ ਨੁਮਾਇੰਦਿਆਂ ਨੇ ਆਪਣੇ ਵਿਚਾਰ ਸਾਂਝੇ ਕੀਤੇ। ਸਮਾਗਮ
ਪੰਜਾਬ ਟਾਈਮਜ਼ ਬਿਊਰੋ। ਇਲਾਕੇ ਵਿੱਚ ਕਰਵਾਏ ਗਏ ਸਮਾਗਮ ਦੌਰਾਨ ਮੁੱਖ ਮਹਿਮਾਨ ਨੇ ਵਿਦਿਆਰਥੀਆਂ ਅਤੇ ਹਾਜ਼ਰ ਲੋਕਾਂ ਨੂੰ ਸੰਬੋਧਨ ਕਰਦਿਆਂ ਕਿਹਾ ਕਿ ਸਿੱਖਿਆ ਹੀ ਸਮਾਜ ਦੀ ਤਰੱਕੀ ਦਾ ਮੁੱਖ ਅਧਾਰ ਹੈ। ਉਨ੍ਹਾਂ ਨੇ ਕਿਹਾ ਕਿ ਸਰਕਾਰ ਵੱਲੋਂ ਪਿੰਡਾਂ ਅਤੇ ਸ਼ਹਿਰਾਂ ਦੇ ਵਿਕਾਸ ਲਈ ਲਗਾਤਾਰ ਉਪਰਾਲੇ ਕੀਤੇ ਜਾ ਰਹੇ ਹਨ ਅਤੇ ਆਉਣ ਵਾਲੇ ਸਮੇਂ ਵਿੱਚ ਹੋਰ ਵੀ ਪ੍ਰੋਜੈਕਟ ਸ਼ੁਰੂ ਕੀਤੇ ਜਾਣਗੇ। ਇਸ ਮੌਕੇ ਪ੍ਰਬੰਧਕਾਂ ਵੱਲੋਂ ਮਹਿਮਾਨਾਂ ਦਾ ਸਨਮਾਨ ਵੀ ਕੀਤਾ ਗਿਆ ਅਤੇ ਵੱਖ ਵੱਖ ਸੰਸਥਾਵਾਂ ਦੇ ਨੁਮਾਇੰਦਿਆਂ ਨੇ ਆਪਣੇ ਵਿਚਾਰ ਸਾਂਝੇ ਕੀਤੇ। ਸਮਾਗਮ
ਪੰਜਾਬ ਟਾਈਮਜ਼ ਬਿਊਰੋ। ਇਲਾਕੇ ਵਿੱਚ ਕਰਵਾਏ ਗਏ ਸਮਾਗਮ ਦੌਰਾਨ ਮੁੱਖ ਮਹਿਮਾਨ ਨੇ ਵਿਦਿਆਰਥੀਆਂ ਅਤੇ ਹਾਜ਼ਰ ਲੋਕਾਂ ਨੂੰ ਸੰਬੋਧਨ ਕਰਦਿਆਂ ਕਿਹਾ ਕਿ ਸਿੱਖਿਆ ਹੀ ਸਮਾਜ ਦੀ ਤਰੱਕੀ ਦਾ ਮੁੱਖ ਅਧਾਰ ਹੈ। ਉਨ੍ਹਾਂ ਨੇ ਕਿਹਾ ਕਿ ਸਰਕਾਰ ਵੱਲੋਂ ਪਿੰਡਾਂ ਅਤੇ ਸ਼ਹਿਰਾਂ ਦੇ ਵਿਕਾਸ ਲਈ ਲਗਾਤਾਰ ਉਪਰਾਲੇ ਕੀਤੇ ਜਾ ਰਹੇ ਹਨ ਅਤੇ ਆਉਣ ਵਾਲੇ ਸਮੇਂ ਵਿੱਚ ਹੋਰ ਵੀ ਪ੍ਰੋਜੈਕਟ ਸ਼ੁਰੂ ਕੀਤੇ ਜਾਣਗੇ। ਇਸ ਮੌਕੇ ਪ੍ਰਬੰਧਕਾਂ ਵੱਲੋਂ ਮਹਿਮਾਨਾਂ ਦਾ ਸਨਮਾਨ ਵੀ ਕੀਤਾ ਗਿਆ ਅਤੇ ਵੱਖ ਵੱਖ ਸੰਸਥਾਵਾਂ ਦੇ ਨੁਮਾਇੰਦਿਆਂ ਨੇ ਆਪਣੇ ਵਿਚਾਰ ਸਾਂਝੇ ਕੀਤੇ। ਸਮਾਗਮ ਦੇ ਅੰਤ ਵਿੱਚ ਸਭ ਦਾ
ਸਵਾਮੀਰਾਜ ਐਸ.ਸੀ.ਐਸ. ਵੱਲੋਂ ਸ਼ਲਾਘਾ ਸਵਾਮੀਰਾਜ 'ਚ ਇਸੇ ਦੀ ਪਰਮਾਣੀ ਨੂੰ ਸਰਕਾਰ ਦੀ ਰੋਕਣਾ ਦੇ ਉਪਰਾਲਿਆਂ ਲਈ ਸਨਮਾਨ
ਪੰਜਾਬ ਟਾਈਮਜ਼ ਬਿਊਰੋ। ਇਲਾਕੇ ਵਿੱਚ ਕਰਵਾਏ ਗਏ ਸਮਾਗਮ ਦੌਰਾਨ ਮੁੱਖ ਮਹਿਮਾਨ ਨੇ ਵਿਦਿਆਰਥੀਆਂ ਅਤੇ ਹਾਜ਼ਰ ਲੋਕਾਂ ਨੂੰ ਸੰਬੋਧਨ ਕਰਦਿਆਂ ਕਿਹਾ ਕਿ ਸਿੱਖਿਆ ਹੀ ਸਮਾਜ ਦੀ ਤਰੱਕੀ ਦਾ ਮੁੱਖ ਅਧਾਰ ਹੈ। ਉਨ੍ਹਾਂ ਨੇ ਕਿਹਾ ਕਿ ਸਰਕਾਰ ਵੱਲੋਂ ਪਿੰਡਾਂ ਅਤੇ ਸ਼ਹਿਰਾਂ ਦੇ ਵਿਕਾਸ ਲਈ ਲਗਾਤਾਰ ਉਪਰਾਲੇ ਕੀਤੇ ਜਾ ਰਹੇ ਹਨ ਅਤੇ ਆਉਣ ਵਾਲੇ ਸਮੇਂ ਵਿੱਚ ਹੋਰ ਵੀ ਪ੍ਰੋਜੈਕਟ ਸ਼ੁਰੂ ਕੀਤੇ ਜਾਣਗੇ। ਇਸ ਮੌਕੇ ਪ੍ਰਬੰਧਕਾਂ ਵੱਲੋਂ ਮਹਿਮਾਨਾਂ ਦਾ ਸਨਮਾਨ ਵੀ ਕੀਤਾ ਗਿਆ ਅਤੇ ਵੱਖ ਵੱਖ ਸੰਸਥਾਵਾਂ ਦੇ ਨੁਮਾਇੰਦਿਆਂ ਨੇ ਆਪਣੇ ਵਿਚਾਰ ਸਾਂਝੇ ਕੀਤੇ। ਸਮਾਗਮ ਦੇ ਅੰਤ ਵਿੱਚ ਸਭ ਦਾ ਧੰਨਵਾਦ ਕੀਤਾ ਗਿਆ।
ਪੰਜਾਬ ਟਾਈਮਜ਼
ਪੰਜਾਬ ਟਾਈਮਜ਼ ਬਿਊਰੋ। ਇਲਾਕੇ ਵਿੱਚ ਕਰਵਾਏ ਗਏ ਸਮਾਗਮ ਦੌਰਾਨ ਮੁੱਖ ਮਹਿਮਾਨ ਨੇ ਵਿਦਿਆਰਥੀਆਂ ਅਤੇ ਹਾਜ਼ਰ ਲੋਕਾਂ ਨੂੰ ਸੰਬੋਧਨ ਕਰਦਿਆਂ ਕਿਹਾ ਕਿ ਸਿੱਖਿਆ ਹੀ ਸਮਾਜ ਦੀ ਤਰੱਕੀ ਦਾ ਮੁੱਖ ਅਧਾਰ ਹੈ। ਉਨ੍ਹਾਂ ਨੇ ਕਿਹਾ ਕਿ ਸਰਕਾਰ ਵੱਲੋਂ ਪਿੰਡਾਂ ਅਤੇ ਸ਼ਹਿਰਾਂ ਦੇ ਵਿਕਾਸ ਲਈ
ਪੰਜਾਬ ਟਾਈਮਜ਼ ਬਿਊਰੋ। ਇਲਾਕੇ ਵਿੱਚ ਕਰਵਾਏ ਗਏ ਸਮਾਗਮ ਦੌਰਾਨ ਮੁੱਖ ਮਹਿਮਾਨ ਨੇ ਵਿਦਿਆਰਥੀਆਂ ਅਤੇ ਹਾਜ਼ਰ ਲੋਕਾਂ ਨੂੰ ਸੰਬੋਧਨ ਕਰਦਿਆਂ ਕਿਹਾ ਕਿ ਸਿੱਖਿਆ ਹੀ ਸਮਾਜ ਦੀ ਤਰੱਕੀ ਦਾ ਮੁੱਖ ਅਧਾਰ ਹੈ। ਉਨ੍ਹਾਂ ਨੇ ਕਿਹਾ ਕਿ ਸਰਕਾਰ ਵੱਲੋਂ ਪਿੰਡਾਂ ਅਤੇ ਸ਼ਹਿਰਾਂ ਦੇ ਵਿਕਾਸ ਲਈ ਲਗਾਤਾਰ ਉਪਰਾਲੇ ਕੀਤੇ ਜਾ ਰਹੇ ਹਨ ਅਤੇ ਆਉਣ ਵਾਲੇ ਸਮੇਂ ਵਿੱਚ ਹੋਰ ਵੀ ਪ੍ਰੋਜੈਕਟ ਸ਼ੁਰੂ ਕੀਤੇ ਜਾਣਗੇ।
ਪੰਜਾਬ ਟਾਈਮਜ਼ ਬਿਊਰੋ। ਇਲਾਕੇ ਵਿੱਚ ਕਰਵਾਏ ਗਏ ਸਮਾਗਮ ਦੌਰਾਨ ਮੁੱਖ ਮਹਿਮਾਨ ਨੇ ਵਿਦਿਆਰਥੀਆਂ ਅਤੇ ਹਾਜ਼ਰ ਲੋਕਾਂ ਨੂੰ ਸੰਬੋਧਨ ਕਰਦਿਆਂ ਕਿਹਾ ਕਿ ਸਿੱਖਿਆ ਹੀ ਸਮਾਜ ਦੀ ਤਰੱਕੀ ਦਾ ਮੁੱਖ ਅਧਾਰ ਹੈ। ਉਨ੍ਹਾਂ ਨੇ ਕਿਹਾ ਕਿ ਸਰਕਾਰ ਵੱਲੋਂ ਪਿੰਡਾਂ ਅਤੇ ਸ਼ਹਿਰਾਂ ਦੇ ਵਿਕਾਸ ਲਈ ਲਗਾਤਾਰ ਉਪਰਾਲੇ ਕੀਤੇ ਜਾ ਰਹੇ ਹਨ ਅਤੇ ਆਉਣ ਵਾਲੇ ਸਮੇਂ ਵਿੱਚ ਹੋਰ ਵੀ ਪ੍ਰੋਜੈਕਟ ਸ਼ੁਰੂ ਕੀਤੇ ਜਾਣਗੇ।
ਆਜਾਦ ਮੰਡੀ ਮਨਜੂਰਕਾਰ ਵਿੱਚ ਇੱਕੋ ਦੀ ਖਰੀਦ ਹੋਈ ਸ਼ੁਰੂ
ਪੰਜਾਬ ਟਾਈਮਜ਼
ਪੰਜਾਬ ਟਾਈਮਜ਼ ਬਿਊਰੋ। ਇਲਾਕੇ ਵਿੱਚ ਕਰਵਾਏ ਗਏ ਸਮਾਗਮ ਦੌਰਾਨ ਮੁੱਖ ਮਹਿਮਾਨ ਨੇ ਵਿਦਿਆਰਥੀਆਂ ਅਤੇ ਹਾਜ਼ਰ ਲੋਕਾਂ ਨੂੰ ਸੰਬੋਧਨ ਕਰਦਿਆਂ ਕਿਹਾ ਕਿ ਸਿੱਖਿਆ ਹੀ ਸਮਾਜ ਦੀ ਤਰੱਕੀ ਦਾ ਮੁੱਖ ਅਧਾਰ ਹੈ। ਉਨ੍ਹਾਂ ਨੇ ਕਿਹਾ ਕਿ ਸਰਕਾਰ ਵੱਲੋਂ ਪਿੰਡਾਂ ਅਤੇ ਸ਼ਹਿਰਾਂ ਦੇ ਵਿਕਾਸ ਲਈ ਲਗਾਤਾਰ ਉਪਰਾਲੇ ਕੀਤੇ ਜਾ ਰਹੇ ਹਨ ਅਤੇ ਆਉਣ ਵਾਲੇ ਸਮੇਂ ਵਿੱਚ ਹੋਰ ਵੀ ਪ੍ਰੋਜੈਕਟ ਸ਼ੁਰੂ ਕੀਤੇ ਜਾਣਗੇ। ਇਸ ਮੌਕੇ ਪ੍ਰਬੰਧਕਾਂ ਵੱਲੋਂ ਮਹਿਮਾਨਾਂ ਦਾ ਸਨਮਾਨ ਵੀ ਕੀਤਾ ਗਿਆ ਅਤੇ ਵੱਖ ਵੱਖ ਸੰਸਥਾਵਾਂ ਦੇ ਨੁਮਾਇੰਦਿਆਂ ਨੇ ਆਪਣੇ ਵਿਚਾਰ ਸਾਂਝੇ ਕੀਤੇ।
ਪੰਜਾਬ ਟਾਈਮਜ਼ ਬਿਊਰੋ। ਇਲਾਕੇ ਵਿੱਚ ਕਰਵਾਏ ਗਏ ਸਮਾਗਮ ਦੌਰਾਨ ਮੁੱਖ ਮਹਿਮਾਨ ਨੇ ਵਿਦਿਆਰਥੀਆਂ ਅਤੇ ਹਾਜ਼ਰ ਲੋਕਾਂ ਨੂੰ ਸੰਬੋਧਨ ਕਰਦਿਆਂ ਕਿਹਾ ਕਿ ਸਿੱਖਿਆ ਹੀ ਸਮਾਜ ਦੀ ਤਰੱਕੀ ਦਾ ਮੁੱਖ ਅਧਾਰ ਹੈ। ਉਨ੍ਹਾਂ ਨੇ ਕਿਹਾ ਕਿ ਸਰਕਾਰ ਵੱਲੋਂ ਪਿੰਡਾਂ ਅਤੇ ਸ਼ਹਿਰਾਂ ਦੇ ਵਿਕਾਸ ਲਈ ਲਗਾਤਾਰ ਉਪਰਾਲੇ ਕੀਤੇ ਜਾ ਰਹੇ ਹਨ ਅਤੇ ਆਉਣ ਵਾਲੇ ਸਮੇਂ ਵਿੱਚ ਹੋਰ ਵੀ ਪ੍ਰੋਜੈਕਟ ਸ਼ੁਰੂ ਕੀਤੇ ਜਾਣਗੇ। ਇਸ ਮੌਕੇ ਪ੍ਰਬੰਧਕਾਂ ਵੱਲੋਂ ਮਹਿਮਾਨਾਂ ਦਾ ਸਨਮਾਨ ਵੀ ਕੀਤਾ ਗਿਆ ਅਤੇ ਵੱਖ ਵੱਖ ਸੰਸਥਾਵਾਂ ਦੇ ਨੁਮਾਇੰਦਿਆਂ ਨੇ ਆਪਣੇ ਵਿਚਾਰ ਸਾਂਝੇ ਕੀਤੇ। ਸਮਾਗਮ ਦੇ ਅੰਤ ਵਿੱਚ ਸਭ ਦਾ ਧੰਨਵਾਦ ਕੀਤਾ ਗਿਆ।
ਪੰਜਾਬ ਟਾਈਮਜ਼ ਬਿਊਰੋ। ਇਲਾਕੇ ਵਿੱਚ ਕਰਵਾਏ ਗਏ ਸਮਾਗਮ ਦੌਰਾਨ ਮੁੱਖ ਮਹਿਮਾਨ ਨੇ ਵਿਦਿਆਰਥੀਆਂ ਅਤੇ ਹਾਜ਼ਰ ਲੋਕਾਂ ਨੂੰ ਸੰਬੋਧਨ ਕਰਦਿਆਂ ਕਿਹਾ ਕਿ ਸਿੱਖਿਆ ਹੀ ਸਮਾਜ ਦੀ ਤਰੱਕੀ ਦਾ ਮੁੱਖ ਅਧਾਰ ਹੈ। ਉਨ੍ਹਾਂ ਨੇ ਕਿਹਾ ਕਿ ਸਰਕਾਰ ਵੱਲੋਂ ਪਿੰਡਾਂ ਅਤੇ ਸ਼ਹਿਰਾਂ ਦੇ ਵਿਕਾਸ ਲਈ ਲਗਾਤਾਰ ਉਪਰਾਲੇ ਕੀਤੇ ਜਾ ਰਹੇ ਹਨ ਅਤੇ ਆਉਣ ਵਾਲੇ ਸਮੇਂ ਵਿੱਚ ਹੋਰ ਵੀ ਪ੍ਰੋਜੈਕਟ ਸ਼ੁਰੂ ਕੀਤੇ ਜਾਣਗੇ। ਇਸ ਮੌਕੇ ਪ੍ਰਬੰਧਕਾਂ ਵੱਲੋਂ ਮਹਿਮਾਨਾਂ ਦਾ ਸਨਮਾਨ ਵੀ ਕੀਤਾ ਗਿਆ ਅਤੇ ਵੱਖ ਵੱਖ ਸੰਸਥਾਵਾਂ ਦੇ ਨੁਮਾਇੰਦਿਆਂ ਨੇ ਆਪਣੇ ਵਿਚਾਰ ਸਾਂਝੇ ਕੀਤੇ। ਸਮਾਗਮ ਦੇ ਅੰਤ ਵਿੱਚ ਸਭ ਦਾ ਧੰਨਵਾਦ ਕੀਤਾ ਗਿਆ।
ਵੱਡੇ ਸਾਹੇ ਅਮਨ ਚੰਡੀਗੜ੍ਹ ਦੇ ਬਾਪੂ ਸਰ ਵਿਖੇ ਵਰਤਾਂ ਸਮਾਗਮਾਂ ਨੂੰ ਬਹੁਤ ਵਿਰਤੀਆਂ ਕਰਾਂ : ਸਮਾਜ ਸੇਵਕ ਜੋਗਿੰਦਰ ਸਿੰਘ
ਪੰਜਾਬ ਟਾਈਮਜ਼
ਪੰਜਾਬ ਟਾਈਮਜ਼ ਬਿਊਰੋ। ਇਲਾਕੇ ਵਿੱਚ ਕਰਵਾਏ ਗਏ ਸਮਾਗਮ ਦੌਰਾਨ ਮੁੱਖ ਮਹਿਮਾਨ ਨੇ ਵਿਦਿਆਰਥੀਆਂ ਅਤੇ ਹਾਜ਼ਰ ਲੋਕਾਂ ਨੂੰ ਸੰਬੋਧਨ ਕਰਦਿਆਂ ਕਿਹਾ ਕਿ ਸਿੱਖਿਆ ਹੀ ਸਮਾਜ ਦੀ ਤਰੱਕੀ ਦਾ ਮੁੱਖ ਅਧਾਰ ਹੈ। ਉਨ੍ਹਾਂ ਨੇ ਕਿਹਾ ਕਿ ਸਰਕਾਰ ਵੱਲੋਂ ਪਿੰਡਾਂ ਅਤੇ ਸ਼ਹਿਰਾਂ ਦੇ ਵਿਕਾਸ ਲਈ ਲਗਾਤਾਰ
ਪੰਜਾਬ ਟਾਈਮਜ਼ ਬਿਊਰੋ। ਇਲਾਕੇ ਵਿੱਚ ਕਰਵਾਏ ਗਏ ਸਮਾਗਮ ਦੌਰਾਨ ਮੁੱਖ ਮਹਿਮਾਨ ਨੇ ਵਿਦਿਆਰਥੀਆਂ ਅਤੇ ਹਾਜ਼ਰ ਲੋਕਾਂ ਨੂੰ ਸੰਬੋਧਨ ਕਰਦਿਆਂ ਕਿਹਾ ਕਿ ਸਿੱਖਿਆ ਹੀ ਸਮਾਜ ਦੀ ਤਰੱਕੀ ਦਾ ਮੁੱਖ ਅਧਾਰ ਹੈ। ਉਨ੍ਹਾਂ ਨੇ ਕਿਹਾ ਕਿ ਸਰਕਾਰ ਵੱਲੋਂ ਪਿੰਡਾਂ ਅਤੇ ਸ਼ਹਿਰਾਂ ਦੇ ਵਿਕਾਸ ਲਈ ਲਗਾਤਾਰ ਉਪਰਾਲੇ ਕੀਤੇ ਜਾ ਰਹੇ ਹਨ ਅਤੇ
ਪੰਜਾਬ ਟਾਈਮਜ਼ ਬਿਊਰੋ। ਇਲਾਕੇ ਵਿੱਚ ਕਰਵਾਏ ਗਏ ਸਮਾਗਮ ਦੌਰਾਨ ਮੁੱਖ ਮਹਿਮਾਨ ਨੇ ਵਿਦਿਆਰਥੀਆਂ ਅਤੇ ਹਾਜ਼ਰ ਲੋਕਾਂ ਨੂੰ ਸੰਬੋਧਨ ਕਰਦਿਆਂ ਕਿਹਾ ਕਿ ਸਿੱਖਿਆ ਹੀ ਸਮਾਜ ਦੀ ਤਰੱਕੀ ਦਾ ਮੁੱਖ ਅਧਾਰ ਹੈ। ਉਨ੍ਹਾਂ ਨੇ ਕਿਹਾ ਕਿ ਸਰਕਾਰ ਵੱਲੋਂ ਪਿੰਡਾਂ ਅਤੇ ਸ਼ਹਿਰਾਂ ਦੇ ਵਿਕਾਸ ਲਈ ਲਗਾਤਾਰ ਉਪਰਾਲੇ ਕੀਤੇ ਜਾ ਰਹੇ ਹਨ ਅਤੇ ਆਉਣ ਵਾਲੇ ਸਮੇਂ
ਪੰਜਾਬ ਟਾਈਮਜ਼ ਬਿਊਰੋ। ਇਲਾਕੇ ਵਿੱਚ ਕਰਵਾਏ ਗਏ ਸਮਾਗਮ ਦੌਰਾਨ ਮੁੱਖ ਮਹਿਮਾਨ ਨੇ ਵਿਦਿਆਰਥੀਆਂ ਅਤੇ ਹਾਜ਼ਰ ਲੋਕਾਂ ਨੂੰ ਸੰਬੋਧਨ ਕਰਦਿਆਂ ਕਿਹਾ ਕਿ ਸਿੱਖਿਆ ਹੀ ਸਮਾਜ ਦੀ ਤਰੱਕੀ ਦਾ ਮੁੱਖ ਅਧਾਰ ਹੈ। ਉਨ੍ਹਾਂ ਨੇ ਕਿਹਾ ਕਿ ਸਰਕਾਰ ਵੱਲੋਂ ਪਿੰਡਾਂ ਅਤੇ ਸ਼ਹਿਰਾਂ ਦੇ ਵਿਕਾਸ ਲਈ ਲਗਾਤਾਰ ਉਪਰਾਲੇ ਕੀਤੇ ਜਾ ਰਹੇ ਹਨ ਅਤੇ ਆਉਣ ਵਾਲੇ ਸਮੇਂ ਵਿੱਚ ਹੋਰ ਵੀ ਪ੍ਰੋਜੈਕਟ ਸ਼ੁਰੂ ਕੀਤੇ ਜਾਣਗੇ। ਇਸ ਮੌਕੇ ਪ੍ਰਬੰਧਕਾਂ ਵੱਲੋਂ ਮਹਿਮਾਨਾਂ ਦਾ ਸਨਮਾਨ ਵੀ ਕੀਤਾ ਗਿਆ ਅਤੇ ਵੱਖ ਵੱਖ ਸੰਸਥਾਵਾਂ ਦੇ ਨੁਮਾਇੰਦਿਆਂ ਨੇ ਆਪਣੇ ਵਿਚਾਰ ਸਾਂਝੇ ਕੀਤੇ। ਸਮਾਗਮ ਦੇ ਅੰਤ ਵਿੱਚ ਸਭ ਦਾ ਧੰਨਵਾਦ ਕੀਤਾ ਗਿਆ।
ਐਗਰੀਕਲਚਰ ਕਾਲਜ ਵਿਖੇ ਸਟਾਫ਼ ਦੀ ਪਤਾਮੀ ਵਿਭਾਗ ਸਿਖਲਾਈ ਕੈਂਪ ਆਯੋਜਿਤ
ਪੰਜਾਬ ਟਾਈਮਜ਼ ਬਿਊਰੋ। ਇਲਾਕੇ ਵਿੱਚ ਕਰਵਾਏ ਗਏ ਸਮਾਗਮ ਦੌਰਾਨ ਮੁੱਖ ਮਹਿਮਾਨ ਨੇ ਵਿਦਿਆਰਥੀਆਂ ਅਤੇ ਹਾਜ਼ਰ ਲੋਕਾਂ ਨੂੰ ਸੰਬੋਧਨ ਕਰਦਿਆਂ ਕਿਹਾ ਕਿ ਸਿੱਖਿਆ ਹੀ ਸਮਾਜ ਦੀ ਤਰੱਕੀ ਦਾ ਮੁੱਖ ਅਧਾਰ ਹੈ। ਉਨ੍ਹਾਂ ਨੇ ਕਿਹਾ ਕਿ ਸਰਕਾਰ ਵੱਲੋਂ ਪਿੰਡਾਂ ਅਤੇ ਸ਼ਹਿਰਾਂ ਦੇ ਵਿਕਾਸ
ਜਨਤਾ ਪ੍ਰਸ਼ੰਸਾ ਦੇ ਸ਼ਰਧਾਲੂਆਂ ਗੁਰਪੁਰਬ ਬਾਬਾ ਦੇ ਸਾਗਰ ਨਵੀਂ ਵਣ ਸ਼ਰਨ ਦਾ
ਪੰਜਾਬ ਟਾਈਮਜ਼ ਬਿਊਰੋ। ਇਲਾਕੇ ਵਿੱਚ ਕਰਵਾਏ ਗਏ ਸਮਾਗਮ ਦੌਰਾਨ ਮੁੱਖ ਮਹਿਮਾਨ ਨੇ ਵਿਦਿਆਰਥੀਆਂ ਅਤੇ ਹਾਜ਼ਰ ਲੋਕਾਂ ਨੂੰ ਸੰਬੋਧਨ ਕਰਦਿਆਂ ਕਿਹਾ ਕਿ ਸਿੱਖਿਆ ਹੀ ਸਮਾਜ ਦੀ ਤਰੱਕੀ ਦਾ ਮੁੱਖ ਅਧਾਰ ਹੈ। ਉਨ੍ਹਾਂ ਨੇ ਕਿਹਾ ਕਿ ਸਰਕਾਰ ਵੱਲੋਂ ਪਿੰਡਾਂ ਅਤੇ ਸ਼ਹਿਰਾਂ ਦੇ ਵਿਕਾਸ ਲਈ ਲਗਾਤਾਰ ਉਪਰਾਲੇ ਕੀਤੇ ਜਾ ਰਹੇ ਹਨ ਅਤੇ ਆਉਣ ਵਾਲੇ ਸਮੇਂ ਵਿੱਚ ਹੋਰ ਵੀ ਪ੍ਰੋਜੈਕਟ ਸ਼ੁਰੂ ਕੀਤੇ ਜਾਣਗੇ। ਇਸ ਮੌਕੇ ਪ੍ਰਬੰਧਕਾਂ ਵੱਲੋਂ ਮਹਿਮਾਨਾਂ ਦਾ ਸਨਮਾਨ ਵੀ ਕੀਤਾ ਗਿਆ ਅਤੇ ਵੱਖ ਵੱਖ ਸੰਸਥਾਵਾਂ ਦੇ ਨੁਮਾਇੰਦਿਆਂ ਨੇ ਆਪਣੇ ਵਿਚਾਰ ਸਾਂਝੇ ਕੀਤੇ। ਸਮਾਗਮ ਦੇ ਅੰਤ ਵਿੱਚ ਸਭ ਦਾ ਧੰਨਵਾਦ ਕੀਤਾ ਗਿਆ।
ਪੰਜਾਬ ਟਾਈਮਜ਼
ਪੰਜਾਬ ਟਾਈਮਜ਼ ਬਿਊਰੋ। ਇਲਾਕੇ ਵਿੱਚ ਕਰਵਾਏ ਗਏ ਸਮਾਗਮ ਦੌਰਾਨ ਮੁੱਖ ਮਹਿਮਾਨ ਨੇ ਵਿਦਿਆਰਥੀਆਂ ਅਤੇ ਹਾਜ਼ਰ ਲੋਕਾਂ ਨੂੰ ਸੰਬੋਧਨ ਕਰਦਿਆਂ ਕਿਹਾ ਕਿ ਸਿੱਖਿਆ ਹੀ ਸਮਾਜ ਦੀ ਤਰੱਕੀ ਦਾ ਮੁੱਖ ਅਧਾਰ ਹੈ। ਉਨ੍ਹਾਂ ਨੇ ਕਿਹਾ ਕਿ ਸਰਕਾਰ ਵੱਲੋਂ ਪਿੰਡਾਂ ਅਤੇ ਸ਼ਹਿਰਾਂ ਦੇ ਵਿਕਾਸ ਲਈ ਲਗਾਤਾਰ ਉਪਰਾਲੇ ਕੀਤੇ ਜਾ ਰਹੇ ਹਨ ਅਤੇ ਆਉਣ ਵਾਲੇ ਸਮੇਂ ਵਿੱਚ ਹੋਰ ਵੀ ਪ੍ਰੋਜੈਕਟ ਸ਼ੁਰੂ ਕੀਤੇ ਜਾਣਗੇ। ਇਸ ਮੌਕੇ ਪ੍ਰਬੰਧਕਾਂ ਵੱਲੋਂ ਮਹਿਮਾਨਾਂ ਦਾ ਸਨਮਾਨ ਵੀ ਕੀਤਾ ਗਿਆ ਅਤੇ ਵੱਖ ਵੱਖ ਸੰਸਥਾਵਾਂ ਦੇ ਨੁਮਾਇੰਦਿਆਂ ਨੇ ਆਪਣੇ ਵਿਚਾਰ ਸਾਂਝੇ ਕੀਤੇ। ਸਮਾਗਮ ਦੇ ਅੰਤ ਵਿੱਚ ਸਭ ਦਾ ਧੰਨਵਾਦ ਕੀਤਾ ਗਿਆ।
ਪੰਜਾਬ ਟਾਈਮਜ਼ ਬਿਊਰੋ। ਇਲਾਕੇ ਵਿੱਚ ਕਰਵਾਏ ਗਏ ਸਮਾਗਮ ਦੌਰਾਨ ਮੁੱਖ ਮਹਿਮਾਨ ਨੇ ਵਿਦਿਆਰਥੀਆਂ ਅਤੇ ਹਾਜ਼ਰ ਲੋਕਾਂ ਨੂੰ ਸੰਬੋਧਨ ਕਰਦਿਆਂ ਕਿਹਾ ਕਿ ਸਿੱਖਿਆ ਹੀ ਸਮਾਜ ਦੀ ਤਰੱਕੀ ਦਾ ਮੁੱਖ ਅਧਾਰ ਹੈ। ਉਨ੍ਹਾਂ ਨੇ ਕਿਹਾ ਕਿ ਸਰਕਾਰ ਵੱਲੋਂ ਪਿੰਡਾਂ ਅਤੇ ਸ਼ਹਿਰਾਂ ਦੇ ਵਿਕਾਸ ਲਈ ਲਗਾਤਾਰ ਉਪਰਾਲੇ ਕੀਤੇ ਜਾ ਰਹੇ ਹਨ ਅਤੇ ਆਉਣ ਵਾਲੇ ਸਮੇਂ ਵਿੱਚ ਹੋਰ ਵੀ ਪ੍ਰੋਜੈਕਟ ਸ਼ੁਰੂ ਕੀਤੇ ਜਾਣਗੇ। ਇਸ ਮੌਕੇ ਪ੍ਰਬੰਧਕਾਂ ਵੱਲੋਂ ਮਹਿਮਾਨਾਂ ਦਾ ਸਨਮਾਨ ਵੀ ਕੀਤਾ ਗਿਆ ਅਤੇ ਵੱਖ ਵੱਖ ਸੰਸਥਾਵਾਂ ਦੇ ਨੁਮਾਇੰਦਿਆਂ ਨੇ ਆਪਣੇ ਵਿਚਾਰ ਸਾਂਝੇ ਕੀਤੇ। ਸਮਾਗਮ ਦੇ ਅੰਤ ਵਿੱਚ ਸਭ ਦਾ ਧੰਨਵਾਦ ਕੀਤਾ ਗਿਆ।
ਪੰਜਾਬ ਟਾਈਮਜ਼ ਬਿਊਰੋ। ਇਲਾਕੇ ਵਿੱਚ ਕਰਵਾਏ ਗਏ ਸਮਾਗਮ ਦੌਰਾਨ ਮੁੱਖ ਮਹਿਮਾਨ ਨੇ ਵਿਦਿਆਰਥੀਆਂ ਅਤੇ ਹਾਜ਼ਰ ਲੋਕਾਂ ਨੂੰ ਸੰਬੋਧਨ ਕਰਦਿਆਂ ਕਿਹਾ ਕਿ ਸਿੱਖਿਆ ਹੀ ਸਮਾਜ ਦੀ ਤਰੱਕੀ ਦਾ ਮੁੱਖ ਅਧਾਰ ਹੈ। ਉਨ੍ਹਾਂ ਨੇ ਕਿਹਾ ਕਿ ਸਰਕਾਰ ਵੱਲੋਂ ਪਿੰਡਾਂ ਅਤੇ ਸ਼ਹਿਰਾਂ ਦੇ ਵਿਕਾਸ ਲਈ ਲਗਾਤਾਰ ਉਪਰਾਲੇ ਕੀਤੇ ਜਾ ਰਹੇ ਹਨ ਅਤੇ ਆਉਣ ਵਾਲੇ ਸਮੇਂ ਵਿੱਚ ਹੋਰ ਵੀ ਪ੍ਰੋਜੈਕਟ ਸ਼ੁਰੂ ਕੀਤੇ ਜਾਣਗੇ। ਇਸ ਮੌਕੇ ਪ੍ਰਬੰਧਕਾਂ ਵੱਲੋਂ ਮਹਿਮਾਨਾਂ ਦਾ ਸਨਮਾਨ ਵੀ ਕੀਤਾ ਗਿਆ ਅਤੇ ਵੱਖ ਵੱਖ ਸੰਸਥਾਵਾਂ ਦੇ ਨੁਮਾਇੰਦਿਆਂ ਨੇ ਆਪਣੇ ਵਿਚਾਰ ਸਾਂਝੇ ਕੀਤੇ। ਸਮਾਗਮ ਦੇ ਅੰਤ ਵਿੱਚ ਸਭ ਦਾ ਧੰਨਵਾਦ ਕੀਤਾ ਗਿਆ।
ਪੰਜਾਬ ਟਾਈਮਜ਼ ਬਿਊਰੋ। ਇਲਾਕੇ ਵਿੱਚ ਕਰਵਾਏ ਗਏ ਸਮਾਗਮ ਦੌਰਾਨ ਮੁੱਖ ਮਹਿਮਾਨ ਨੇ ਵਿਦਿਆਰਥੀਆਂ ਅਤੇ ਹਾਜ਼ਰ ਲੋਕਾਂ ਨੂੰ ਸੰਬੋਧਨ ਕਰਦਿਆਂ ਕਿਹਾ ਕਿ ਸਿੱਖਿਆ ਹੀ ਸਮਾਜ ਦੀ ਤਰੱਕੀ ਦਾ ਮੁੱਖ ਅਧਾਰ ਹੈ। ਉਨ੍ਹਾਂ ਨੇ ਕਿਹਾ ਕਿ ਸਰਕਾਰ ਵੱਲੋਂ ਪਿੰਡਾਂ ਅਤੇ ਸ਼ਹਿਰਾਂ ਦੇ ਵਿਕਾਸ ਲਈ ਲਗਾਤਾਰ ਉਪਰਾਲੇ ਕੀਤੇ ਜਾ ਰਹੇ ਹਨ ਅਤੇ ਆਉਣ ਵਾਲੇ ਸਮੇਂ ਵਿੱਚ ਹੋਰ ਵੀ ਪ੍ਰੋਜੈਕਟ ਸ਼ੁਰੂ ਕੀਤੇ ਜਾਣਗੇ। ਇਸ ਮੌਕੇ ਪ੍ਰਬੰਧਕਾਂ ਵੱਲੋਂ ਮਹਿਮਾਨਾਂ ਦਾ ਸਨਮਾਨ ਵੀ ਕੀਤਾ ਗਿਆ ਅਤੇ ਵੱਖ ਵੱਖ ਸੰਸਥਾਵਾਂ ਦੇ ਨੁਮਾਇੰਦਿਆਂ ਨੇ ਆਪਣੇ ਵਿਚਾਰ ਸਾਂਝੇ ਕੀਤੇ। ਸਮਾਗਮ ਦੇ ਅੰਤ ਵਿੱਚ ਸਭ ਦਾ ਧੰਨਵਾਦ ਕੀਤਾ ਗਿਆ।
ਪੰਜਾਬ ਟਾਈਮਜ਼ ਬਿਊਰੋ। ਇਲਾਕੇ ਵਿੱਚ ਕਰਵਾਏ ਗਏ ਸਮਾਗਮ ਦੌਰਾਨ ਮੁੱਖ ਮਹਿਮਾਨ ਨੇ ਵਿਦਿਆਰਥੀਆਂ ਅਤੇ ਹਾਜ਼ਰ ਲੋਕਾਂ ਨੂੰ ਸੰਬੋਧਨ ਕਰਦਿਆਂ ਕਿਹਾ ਕਿ ਸਿੱਖਿਆ ਹੀ ਸਮਾਜ ਦੀ ਤਰੱਕੀ ਦਾ ਮੁੱਖ ਅਧਾਰ ਹੈ। ਉਨ੍ਹਾਂ ਨੇ ਕਿਹਾ ਕਿ ਸਰਕਾਰ ਵੱਲੋਂ ਪਿੰਡਾਂ ਅਤੇ ਸ਼ਹਿਰਾਂ ਦੇ ਵਿਕਾਸ ਲਈ ਲਗਾਤਾਰ ਉਪਰਾਲੇ ਕੀਤੇ ਜਾ ਰਹੇ ਹਨ ਅਤੇ ਆਉਣ ਵਾਲੇ ਸਮੇਂ ਵਿੱਚ ਹੋਰ ਵੀ ਪ੍ਰੋਜੈਕਟ ਸ਼ੁਰੂ ਕੀਤੇ ਜਾਣਗੇ। ਇਸ ਮੌਕੇ ਪ੍ਰਬੰਧਕਾਂ ਵੱਲੋਂ ਮਹਿਮਾਨਾਂ ਦਾ
ਪੰਜਾਬ ਟਾਈਮਜ਼ ਬਿਊਰੋ। ਇਲਾਕੇ ਵਿੱਚ ਕਰਵਾਏ ਗਏ ਸਮਾਗਮ ਦੌਰਾਨ ਮੁੱਖ ਮਹਿਮਾਨ ਨੇ ਵਿਦਿਆਰਥੀਆਂ ਅਤੇ ਹਾਜ਼ਰ ਲੋਕਾਂ ਨੂੰ ਸੰਬੋਧਨ ਕਰਦਿਆਂ ਕਿਹਾ ਕਿ ਸਿੱਖਿਆ ਹੀ ਸਮਾਜ ਦੀ ਤਰੱਕੀ ਦਾ ਮੁੱਖ ਅਧਾਰ ਹੈ। ਉਨ੍ਹਾਂ ਨੇ ਕਿਹਾ ਕਿ ਸਰਕਾਰ ਵੱਲੋਂ ਪਿੰਡਾਂ ਅਤੇ ਸ਼ਹਿਰਾਂ ਦੇ ਵਿਕਾਸ ਲਈ ਲਗਾਤਾਰ ਉਪਰਾਲੇ ਕੀਤੇ ਜਾ ਰਹੇ ਹਨ ਅਤੇ ਆਉਣ ਵਾਲੇ ਸਮੇਂ ਵਿੱਚ ਹੋਰ ਵੀ ਪ੍ਰੋਜੈਕਟ ਸ਼ੁਰੂ ਕੀਤੇ ਜਾਣਗੇ। ਇਸ ਮੌਕੇ ਪ੍ਰਬੰਧਕਾਂ ਵੱਲੋਂ ਮਹਿਮਾਨਾਂ ਦਾ
ਪੰਜਾਬ ਟਾਈਮਜ਼ ਬਿਊਰੋ। ਇਲਾਕੇ ਵਿੱਚ ਕਰਵਾਏ ਗਏ ਸਮਾਗਮ ਦੌਰਾਨ ਮੁੱਖ ਮਹਿਮਾਨ ਨੇ ਵਿਦਿਆਰਥੀਆਂ ਅਤੇ ਹਾਜ਼ਰ ਲੋਕਾਂ ਨੂੰ ਸੰਬੋਧਨ ਕਰਦਿਆਂ ਕਿਹਾ ਕਿ ਸਿੱਖਿਆ ਹੀ ਸਮਾਜ ਦੀ ਤਰੱਕੀ ਦਾ ਮੁੱਖ ਅਧਾਰ ਹੈ। ਉਨ੍ਹਾਂ ਨੇ ਕਿਹਾ ਕਿ ਸਰਕਾਰ ਵੱਲੋਂ ਪਿੰਡਾਂ ਅਤੇ ਸ਼ਹਿਰਾਂ ਦੇ ਵਿਕਾਸ ਲਈ ਲਗਾਤਾਰ ਉਪਰਾਲੇ ਕੀਤੇ ਜਾ ਰਹੇ ਹਨ ਅਤੇ ਆਉਣ ਵਾਲੇ ਸਮੇਂ ਵਿੱਚ ਹੋਰ ਵੀ ਪ੍ਰੋਜੈਕਟ ਸ਼ੁਰੂ ਕੀਤੇ ਜਾਣਗੇ। ਇਸ ਮੌਕੇ ਪ੍ਰਬੰਧਕਾਂ ਵੱਲੋਂ ਮਹਿਮਾਨਾਂ ਦਾ ਸਨਮਾਨ ਵੀ ਕੀਤਾ ਗਿਆ
ਸੁਰਿੰਦਰ ਸਿੰਘ	ਗੁਰਪ੍ਰੀਤ ਸਿੰਘ
ਪੰਜਾਬ ਟਾਈਮਜ਼ ਬਿਊਰੋ। ਇਲਾਕੇ ਵਿੱਚ ਕਰਵਾਏ ਗਏ ਸਮਾਗਮ ਦੌਰਾਨ ਮੁੱਖ ਮਹਿਮਾਨ ਨੇ ਵਿਦਿਆਰਥੀਆਂ ਅਤੇ ਹਾਜ਼ਰ ਲੋਕਾਂ ਨੂੰ ਸੰਬੋਧਨ ਕਰਦਿਆਂ ਕਿਹਾ ਕਿ ਸਿੱਖਿਆ ਹੀ ਸਮਾਜ ਦੀ ਤਰੱਕੀ ਦਾ ਮੁੱਖ ਅਧਾਰ ਹੈ। ਉਨ੍ਹਾਂ ਨੇ ਕਿਹਾ ਕਿ ਸਰਕਾਰ ਵੱਲੋਂ ਪਿੰਡਾਂ ਅਤੇ ਸ਼ਹਿਰਾਂ ਦੇ ਵਿਕਾਸ ਲਈ ਲਗਾਤਾਰ ਉਪਰਾਲੇ ਕੀਤੇ ਜਾ ਰਹੇ ਹਨ ਅਤੇ ਆਉਣ ਵਾਲੇ ਸਮੇਂ ਵਿੱਚ ਹੋਰ ਵੀ ਪ੍ਰੋਜੈਕਟ ਸ਼ੁਰੂ ਕੀਤੇ ਜਾਣਗੇ। ਇਸ ਮੌਕੇ ਪ੍ਰਬੰਧਕਾਂ ਵੱਲੋਂ ਮਹਿਮਾਨਾਂ ਦਾ ਸਨਮਾਨ ਵੀ ਕੀਤਾ ਗਿਆ ਅਤੇ ਵੱਖ ਵੱਖ ਸੰਸਥਾਵਾਂ ਦੇ ਨੁਮਾਇੰਦਿਆਂ ਨੇ ਆਪਣੇ ਵਿਚਾਰ ਸਾਂਝੇ ਕੀਤੇ। ਸਮਾਗਮ ਦੇ ਅੰਤ ਵਿੱਚ ਸਭ ਦਾ ਧੰਨਵਾਦ ਕੀਤਾ ਗਿਆ।
ਸਕੂਲਾਂ ਮਤੇ ਅਨੂ ਸਭਾਵਾਂ ਤੇ ਪਰਿਵਾਰ ਦੇ ਨੌਜਵਾਨਾਂ ਦੀ ਤਸਵੀਰ
ਪੰਜਾਬ ਟਾਈਮਜ਼
ਪੰਜਾਬ ਟਾਈਮਜ਼ ਬਿਊਰੋ। ਇਲਾਕੇ ਵਿੱਚ ਕਰਵਾਏ ਗਏ ਸਮਾਗਮ ਦੌਰਾਨ ਮੁੱਖ ਮਹਿਮਾਨ ਨੇ ਵਿਦਿਆਰਥੀਆਂ ਅਤੇ ਹਾਜ਼ਰ ਲੋਕਾਂ ਨੂੰ ਸੰਬੋਧਨ ਕਰਦਿਆਂ ਕਿਹਾ ਕਿ ਸਿੱਖਿਆ ਹੀ ਸਮਾਜ ਦੀ ਤਰੱਕੀ ਦਾ ਮੁੱਖ ਅਧਾਰ ਹੈ। ਉਨ੍ਹਾਂ ਨੇ ਕਿਹਾ ਕਿ ਸਰਕਾਰ ਵੱਲੋਂ ਪਿੰਡਾਂ ਅਤੇ ਸ਼ਹਿਰਾਂ ਦੇ ਵਿਕਾਸ ਲਈ ਲਗਾਤਾਰ ਉਪਰਾਲੇ ਕੀਤੇ ਜਾ ਰਹੇ ਹਨ ਅਤੇ ਆਉਣ ਵਾਲੇ ਸਮੇਂ ਵਿੱਚ ਹੋਰ ਵੀ ਪ੍ਰੋਜੈਕਟ ਸ਼ੁਰੂ ਕੀਤੇ ਜਾਣਗੇ। ਇਸ ਮੌਕੇ ਪ੍ਰਬੰਧਕਾਂ ਵੱਲੋਂ ਮਹਿਮਾਨਾਂ ਦਾ ਸਨਮਾਨ ਵੀ ਕੀਤਾ ਗਿਆ ਅਤੇ ਵੱਖ ਵੱਖ ਸੰਸਥਾਵਾਂ ਦੇ ਨੁਮਾਇੰਦਿਆਂ ਨੇ ਆਪਣੇ ਵਿਚਾਰ ਸਾਂਝੇ ਕੀਤੇ। ਸਮਾਗਮ ਦੇ ਅੰਤ ਵਿੱਚ ਸਭ ਦਾ ਧੰਨਵਾਦ ਕੀਤਾ ਗਿਆ।
ਪੰਜਾਬ ਟਾਈਮਜ਼ ਬਿਊਰੋ। ਇਲਾਕੇ ਵਿੱਚ ਕਰਵਾਏ ਗਏ ਸਮਾਗਮ ਦੌਰਾਨ ਮੁੱਖ ਮਹਿਮਾਨ ਨੇ ਵਿਦਿਆਰਥੀਆਂ ਅਤੇ ਹਾਜ਼ਰ ਲੋਕਾਂ ਨੂੰ ਸੰਬੋਧਨ ਕਰਦਿਆਂ ਕਿਹਾ ਕਿ ਸਿੱਖਿਆ ਹੀ ਸਮਾਜ ਦੀ ਤਰੱਕੀ ਦਾ ਮੁੱਖ ਅਧਾਰ ਹੈ। ਉਨ੍ਹਾਂ ਨੇ ਕਿਹਾ ਕਿ ਸਰਕਾਰ ਵੱਲੋਂ ਪਿੰਡਾਂ ਅਤੇ ਸ਼ਹਿਰਾਂ ਦੇ ਵਿਕਾਸ ਲਈ ਲਗਾਤਾਰ ਉਪਰਾਲੇ ਕੀਤੇ ਜਾ ਰਹੇ ਹਨ ਅਤੇ ਆਉਣ ਵਾਲੇ ਸਮੇਂ ਵਿੱਚ ਹੋਰ ਵੀ ਪ੍ਰੋਜੈਕਟ ਸ਼ੁਰੂ ਕੀਤੇ ਜਾਣਗੇ। ਇਸ ਮੌਕੇ ਪ੍ਰਬੰਧਕਾਂ ਵੱਲੋਂ ਮਹਿਮਾਨਾਂ ਦਾ ਸਨਮਾਨ ਵੀ ਕੀਤਾ ਗਿਆ ਅਤੇ ਵੱਖ ਵੱਖ ਸੰਸਥਾਵਾਂ ਦੇ ਨੁਮਾਇੰਦਿਆਂ ਨੇ ਆਪਣੇ ਵਿਚਾਰ ਸਾਂਝੇ ਕੀਤੇ। ਸਮਾਗਮ ਦੇ ਅੰਤ ਵਿੱਚ ਸਭ ਦਾ ਧੰਨਵਾਦ ਕੀਤਾ ਗਿਆ।
ਹਰਜੀਤ ਕੌਰ
ਪੰਜਾਬ ਟਾਈਮਜ਼ ਬਿਊਰੋ। ਇਲਾਕੇ ਵਿੱਚ ਕਰਵਾਏ ਗਏ ਸਮਾਗਮ ਦੌਰਾਨ ਮੁੱਖ ਮਹਿਮਾਨ ਨੇ ਵਿਦਿਆਰਥੀਆਂ ਅਤੇ ਹਾਜ਼ਰ ਲੋਕਾਂ ਨੂੰ ਸੰਬੋਧਨ ਕਰਦਿਆਂ ਕਿਹਾ ਕਿ ਸਿੱਖਿਆ ਹੀ ਸਮਾਜ ਦੀ ਤਰੱਕੀ ਦਾ ਮੁੱਖ ਅਧਾਰ ਹੈ। ਉਨ੍ਹਾਂ ਨੇ ਕਿਹਾ ਕਿ ਸਰਕਾਰ ਵੱਲੋਂ ਪਿੰਡਾਂ ਅਤੇ ਸ਼ਹਿਰਾਂ ਦੇ ਵਿਕਾਸ ਲਈ ਲਗਾਤਾਰ ਉਪਰਾਲੇ ਕੀਤੇ ਜਾ ਰਹੇ ਹਨ ਅਤੇ ਆਉਣ ਵਾਲੇ ਸਮੇਂ ਵਿੱਚ ਹੋਰ ਵੀ ਪ੍ਰੋਜੈਕਟ ਸ਼ੁਰੂ ਕੀਤੇ ਜਾਣਗੇ। ਇਸ ਮੌਕੇ ਪ੍ਰਬੰਧਕਾਂ ਵੱਲੋਂ ਮਹਿਮਾਨਾਂ ਦਾ ਸਨਮਾਨ ਵੀ ਕੀਤਾ ਗਿਆ ਅਤੇ ਵੱਖ ਵੱਖ ਸੰਸਥਾਵਾਂ ਦੇ ਨੁਮਾਇੰਦਿਆਂ ਨੇ ਆਪਣੇ ਵਿਚਾਰ ਸਾਂਝੇ ਕੀਤੇ। ਸਮਾਗਮ ਦੇ ਅੰਤ ਵਿੱਚ ਸਭ ਦਾ ਧੰਨਵਾਦ ਕੀਤਾ ਗਿਆ।
